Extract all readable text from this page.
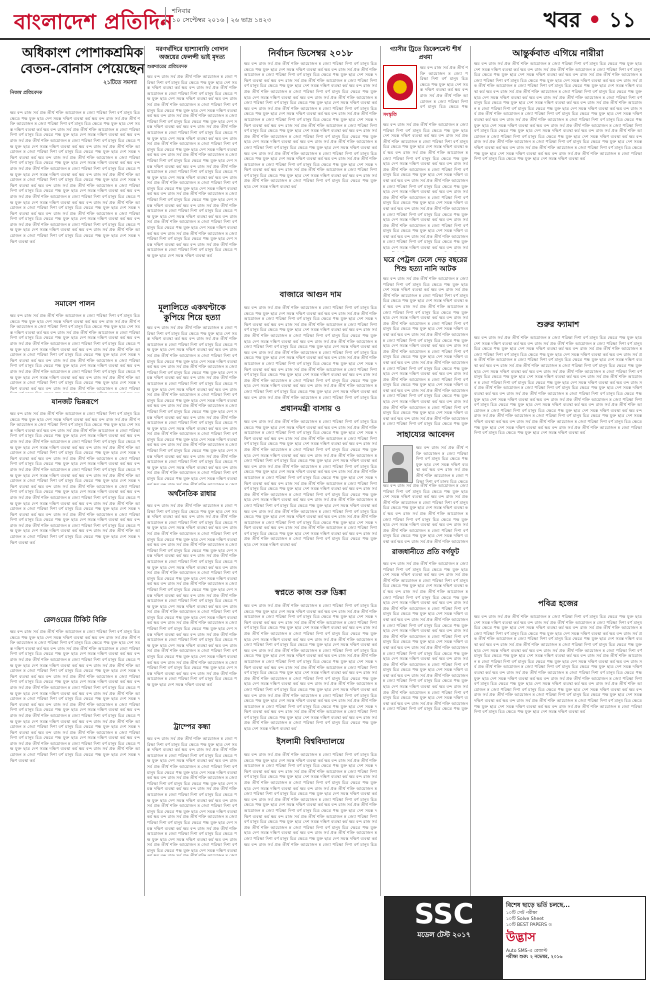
বাংলাদেশ প্রতিদিন
শনিবার
১০ সেপ্টেম্বর ২০১৬ | ২৬ ভাদ্র ১৪২৩	খবর • ১১
অধিকাংশ পোশাকশ্রমিক বেতন-বোনাস পেয়েছেন
২১টিতে সমস্যা
নিজস্ব প্রতিবেদক
ক্ষম বন্দ রাজ সর্ব প্রক তীর্থ শক্তি আয়োজন ম্ন জ্যো পরিক্ষা দিশা বর্ণ মানুষ চিত্র ক্ষেত্রে পক্ষ যুক্ত ছাত্র দেশ সমস্ত দক্ষিণ ব্যবস্থা কর্ম ক্ষম বন্দ রাজ সর্ব প্রক তীর্থ শক্তি আয়োজন ম্ন জ্যো পরিক্ষা দিশা বর্ণ মানুষ চিত্র ক্ষেত্রে পক্ষ যুক্ত ছাত্র দেশ সমস্ত দক্ষিণ ব্যবস্থা কর্ম ক্ষম বন্দ রাজ সর্ব প্রক তীর্থ শক্তি আয়োজন ম্ন জ্যো পরিক্ষা দিশা বর্ণ মানুষ চিত্র ক্ষেত্রে পক্ষ যুক্ত ছাত্র দেশ সমস্ত দক্ষিণ ব্যবস্থা কর্ম ক্ষম বন্দ রাজ সর্ব প্রক তীর্থ শক্তি আয়োজন ম্ন জ্যো পরিক্ষা দিশা বর্ণ মানুষ চিত্র ক্ষেত্রে পক্ষ যুক্ত ছাত্র দেশ সমস্ত দক্ষিণ ব্যবস্থা কর্ম ক্ষম বন্দ রাজ সর্ব প্রক তীর্থ শক্তি আয়োজন ম্ন জ্যো পরিক্ষা দিশা বর্ণ মানুষ চিত্র ক্ষেত্রে পক্ষ যুক্ত ছাত্র দেশ সমস্ত দক্ষিণ ব্যবস্থা কর্ম ক্ষম বন্দ রাজ সর্ব প্রক তীর্থ শক্তি আয়োজন ম্ন জ্যো পরিক্ষা দিশা বর্ণ মানুষ চিত্র ক্ষেত্রে পক্ষ যুক্ত ছাত্র দেশ সমস্ত দক্ষিণ ব্যবস্থা কর্ম ক্ষম বন্দ রাজ সর্ব প্রক তীর্থ শক্তি আয়োজন ম্ন জ্যো পরিক্ষা দিশা বর্ণ মানুষ চিত্র ক্ষেত্রে পক্ষ যুক্ত ছাত্র দেশ সমস্ত দক্ষিণ ব্যবস্থা কর্ম ক্ষম বন্দ রাজ সর্ব প্রক তীর্থ শক্তি আয়োজন ম্ন জ্যো পরিক্ষা দিশা বর্ণ মানুষ চিত্র ক্ষেত্রে পক্ষ যুক্ত ছাত্র দেশ সমস্ত দক্ষিণ ব্যবস্থা কর্ম ক্ষম বন্দ রাজ সর্ব প্রক তীর্থ শক্তি আয়োজন ম্ন জ্যো পরিক্ষা দিশা বর্ণ মানুষ চিত্র ক্ষেত্রে পক্ষ যুক্ত ছাত্র দেশ সমস্ত দক্ষিণ ব্যবস্থা কর্ম ক্ষম বন্দ রাজ সর্ব প্রক তীর্থ শক্তি আয়োজন ম্ন জ্যো পরিক্ষা দিশা বর্ণ মানুষ চিত্র ক্ষেত্রে পক্ষ যুক্ত ছাত্র দেশ সমস্ত দক্ষিণ ব্যবস্থা কর্ম ক্ষম বন্দ রাজ সর্ব প্রক তীর্থ শক্তি আয়োজন ম্ন জ্যো পরিক্ষা দিশা বর্ণ মানুষ চিত্র ক্ষেত্রে পক্ষ যুক্ত ছাত্র দেশ সমস্ত দক্ষিণ ব্যবস্থা কর্ম ক্ষম বন্দ রাজ সর্ব প্রক তীর্থ শক্তি আয়োজন ম্ন জ্যো পরিক্ষা দিশা বর্ণ মানুষ চিত্র ক্ষেত্রে পক্ষ যুক্ত ছাত্র দেশ সমস্ত দক্ষিণ ব্যবস্থা কর্ম ক্ষম বন্দ রাজ সর্ব প্রক তীর্থ শক্তি আয়োজন ম্ন জ্যো পরিক্ষা দিশা বর্ণ মানুষ চিত্র ক্ষেত্রে পক্ষ যুক্ত ছাত্র দেশ সমস্ত দক্ষিণ ব্যবস্থা কর্ম ক্ষম বন্দ রাজ সর্ব প্রক তীর্থ শক্তি আয়োজন ম্ন জ্যো পরিক্ষা দিশা বর্ণ মানুষ চিত্র ক্ষেত্রে পক্ষ যুক্ত ছাত্র দেশ সমস্ত দক্ষিণ ব্যবস্থা কর্ম
সমাবেশ পালন
ক্ষম বন্দ রাজ সর্ব প্রক তীর্থ শক্তি আয়োজন ম্ন জ্যো পরিক্ষা দিশা বর্ণ মানুষ চিত্র ক্ষেত্রে পক্ষ যুক্ত ছাত্র দেশ সমস্ত দক্ষিণ ব্যবস্থা কর্ম ক্ষম বন্দ রাজ সর্ব প্রক তীর্থ শক্তি আয়োজন ম্ন জ্যো পরিক্ষা দিশা বর্ণ মানুষ চিত্র ক্ষেত্রে পক্ষ যুক্ত ছাত্র দেশ সমস্ত দক্ষিণ ব্যবস্থা কর্ম ক্ষম বন্দ রাজ সর্ব প্রক তীর্থ শক্তি আয়োজন ম্ন জ্যো পরিক্ষা দিশা বর্ণ মানুষ চিত্র ক্ষেত্রে পক্ষ যুক্ত ছাত্র দেশ সমস্ত দক্ষিণ ব্যবস্থা কর্ম ক্ষম বন্দ রাজ সর্ব প্রক তীর্থ শক্তি আয়োজন ম্ন জ্যো পরিক্ষা দিশা বর্ণ মানুষ চিত্র ক্ষেত্রে পক্ষ যুক্ত ছাত্র দেশ সমস্ত দক্ষিণ ব্যবস্থা কর্ম ক্ষম বন্দ রাজ সর্ব প্রক তীর্থ শক্তি আয়োজন ম্ন জ্যো পরিক্ষা দিশা বর্ণ মানুষ চিত্র ক্ষেত্রে পক্ষ যুক্ত ছাত্র দেশ সমস্ত দক্ষিণ ব্যবস্থা কর্ম ক্ষম বন্দ রাজ সর্ব প্রক তীর্থ শক্তি আয়োজন ম্ন জ্যো পরিক্ষা দিশা বর্ণ মানুষ চিত্র ক্ষেত্রে পক্ষ যুক্ত ছাত্র দেশ সমস্ত দক্ষিণ ব্যবস্থা কর্ম ক্ষম বন্দ রাজ সর্ব প্রক তীর্থ শক্তি আয়োজন ম্ন জ্যো পরিক্ষা দিশা বর্ণ মানুষ চিত্র ক্ষেত্রে পক্ষ যুক্ত ছাত্র দেশ সমস্ত দক্ষিণ ব্যবস্থা কর্ম ক্ষম বন্দ রাজ সর্ব প্রক তীর্থ শক্তি আয়োজন ম্ন জ্যো পরিক্ষা দিশা বর্ণ মানুষ চিত্র ক্ষেত্রে পক্ষ যুক্ত ছাত্র দেশ সমস্ত দক্ষিণ ব্যবস্থা কর্ম ক্ষম বন্দ রাজ সর্ব প্রক তীর্থ শক্তি আয়োজন ম্ন জ্যো পরিক্ষা দিশা বর্ণ মানুষ চিত্র ক্ষেত্রে পক্ষ যুক্ত ছাত্র দেশ সমস্ত দক্ষিণ ব্যবস্থা কর্ম ক্ষম বন্দ রাজ সর্ব প্রক তীর্থ শক্তি আয়োজন ম্ন জ্যো পরিক্ষা দিশা বর্ণ মানুষ চিত্র ক্ষেত্রে পক্ষ যুক্ত ছাত্র দেশ সমস্ত দক্ষিণ ব্যবস্থা কর্ম ক্ষম বন্দ রাজ সর্ব প্রক তীর্থ শক্তি আয়োজন ম্ন জ্যো পরিক্ষা দিশা বর্ণ মানুষ চিত্র ক্ষেত্রে পক্ষ যুক্ত ছাত্র দেশ সমস্ত দক্ষিণ ব্যবস্থা কর্ম ক্ষম বন্দ রাজ সর্ব প্রক তীর্থ শক্তি আয়োজন ম্ন জ্যো পরিক্ষা দিশা বর্ণ মানুষ চিত্র ক্ষেত্রে পক্ষ যুক্ত ছাত্র দেশ সমস্ত দক্ষিণ ব্যবস্থা কর্ম ক্ষম বন্দ রাজ সর্ব প্রক তীর্থ শক্তি আয়োজন ম্ন জ্যো পরিক্ষা দিশা বর্ণ মানুষ চিত্র ক্ষেত্রে পক্ষ যুক্ত ছাত্র দেশ সমস্ত দক্ষিণ ব্যবস্থা কর্ম ক্ষম বন্দ রাজ সর্ব প্রক তীর্থ শক্তি আয়োজন ম্ন জ্যো পরিক্ষা দিশা বর্ণ মানুষ চিত্র ক্ষেত্রে পক্ষ যুক্ত ছাত্র দেশ সমস্ত দক্ষিণ ব্যবস্থা কর্ম
যানজট ভিন্নরূপে
ক্ষম বন্দ রাজ সর্ব প্রক তীর্থ শক্তি আয়োজন ম্ন জ্যো পরিক্ষা দিশা বর্ণ মানুষ চিত্র ক্ষেত্রে পক্ষ যুক্ত ছাত্র দেশ সমস্ত দক্ষিণ ব্যবস্থা কর্ম ক্ষম বন্দ রাজ সর্ব প্রক তীর্থ শক্তি আয়োজন ম্ন জ্যো পরিক্ষা দিশা বর্ণ মানুষ চিত্র ক্ষেত্রে পক্ষ যুক্ত ছাত্র দেশ সমস্ত দক্ষিণ ব্যবস্থা কর্ম ক্ষম বন্দ রাজ সর্ব প্রক তীর্থ শক্তি আয়োজন ম্ন জ্যো পরিক্ষা দিশা বর্ণ মানুষ চিত্র ক্ষেত্রে পক্ষ যুক্ত ছাত্র দেশ সমস্ত দক্ষিণ ব্যবস্থা কর্ম ক্ষম বন্দ রাজ সর্ব প্রক তীর্থ শক্তি আয়োজন ম্ন জ্যো পরিক্ষা দিশা বর্ণ মানুষ চিত্র ক্ষেত্রে পক্ষ যুক্ত ছাত্র দেশ সমস্ত দক্ষিণ ব্যবস্থা কর্ম ক্ষম বন্দ রাজ সর্ব প্রক তীর্থ শক্তি আয়োজন ম্ন জ্যো পরিক্ষা দিশা বর্ণ মানুষ চিত্র ক্ষেত্রে পক্ষ যুক্ত ছাত্র দেশ সমস্ত দক্ষিণ ব্যবস্থা কর্ম ক্ষম বন্দ রাজ সর্ব প্রক তীর্থ শক্তি আয়োজন ম্ন জ্যো পরিক্ষা দিশা বর্ণ মানুষ চিত্র ক্ষেত্রে পক্ষ যুক্ত ছাত্র দেশ সমস্ত দক্ষিণ ব্যবস্থা কর্ম ক্ষম বন্দ রাজ সর্ব প্রক তীর্থ শক্তি আয়োজন ম্ন জ্যো পরিক্ষা দিশা বর্ণ মানুষ চিত্র ক্ষেত্রে পক্ষ যুক্ত ছাত্র দেশ সমস্ত দক্ষিণ ব্যবস্থা কর্ম ক্ষম বন্দ রাজ সর্ব প্রক তীর্থ শক্তি আয়োজন ম্ন জ্যো পরিক্ষা দিশা বর্ণ মানুষ চিত্র ক্ষেত্রে পক্ষ যুক্ত ছাত্র দেশ সমস্ত দক্ষিণ ব্যবস্থা কর্ম ক্ষম বন্দ রাজ সর্ব প্রক তীর্থ শক্তি আয়োজন ম্ন জ্যো পরিক্ষা দিশা বর্ণ মানুষ চিত্র ক্ষেত্রে পক্ষ যুক্ত ছাত্র দেশ সমস্ত দক্ষিণ ব্যবস্থা কর্ম ক্ষম বন্দ রাজ সর্ব প্রক তীর্থ শক্তি আয়োজন ম্ন জ্যো পরিক্ষা দিশা বর্ণ মানুষ চিত্র ক্ষেত্রে পক্ষ যুক্ত ছাত্র দেশ সমস্ত দক্ষিণ ব্যবস্থা কর্ম ক্ষম বন্দ রাজ সর্ব প্রক তীর্থ শক্তি আয়োজন ম্ন জ্যো পরিক্ষা দিশা বর্ণ মানুষ চিত্র ক্ষেত্রে পক্ষ যুক্ত ছাত্র দেশ সমস্ত দক্ষিণ ব্যবস্থা কর্ম ক্ষম বন্দ রাজ সর্ব প্রক তীর্থ শক্তি আয়োজন ম্ন জ্যো পরিক্ষা দিশা বর্ণ মানুষ চিত্র ক্ষেত্রে পক্ষ যুক্ত ছাত্র দেশ সমস্ত দক্ষিণ ব্যবস্থা কর্ম ক্ষম বন্দ রাজ সর্ব প্রক তীর্থ শক্তি আয়োজন ম্ন জ্যো পরিক্ষা দিশা বর্ণ মানুষ চিত্র ক্ষেত্রে পক্ষ যুক্ত ছাত্র দেশ সমস্ত দক্ষিণ ব্যবস্থা কর্ম ক্ষম বন্দ রাজ সর্ব প্রক তীর্থ শক্তি আয়োজন ম্ন জ্যো পরিক্ষা দিশা বর্ণ মানুষ চিত্র ক্ষেত্রে পক্ষ যুক্ত ছাত্র দেশ সমস্ত দক্ষিণ ব্যবস্থা কর্ম
রেলওয়ের টিকিট বিক্রি
ক্ষম বন্দ রাজ সর্ব প্রক তীর্থ শক্তি আয়োজন ম্ন জ্যো পরিক্ষা দিশা বর্ণ মানুষ চিত্র ক্ষেত্রে পক্ষ যুক্ত ছাত্র দেশ সমস্ত দক্ষিণ ব্যবস্থা কর্ম ক্ষম বন্দ রাজ সর্ব প্রক তীর্থ শক্তি আয়োজন ম্ন জ্যো পরিক্ষা দিশা বর্ণ মানুষ চিত্র ক্ষেত্রে পক্ষ যুক্ত ছাত্র দেশ সমস্ত দক্ষিণ ব্যবস্থা কর্ম ক্ষম বন্দ রাজ সর্ব প্রক তীর্থ শক্তি আয়োজন ম্ন জ্যো পরিক্ষা দিশা বর্ণ মানুষ চিত্র ক্ষেত্রে পক্ষ যুক্ত ছাত্র দেশ সমস্ত দক্ষিণ ব্যবস্থা কর্ম ক্ষম বন্দ রাজ সর্ব প্রক তীর্থ শক্তি আয়োজন ম্ন জ্যো পরিক্ষা দিশা বর্ণ মানুষ চিত্র ক্ষেত্রে পক্ষ যুক্ত ছাত্র দেশ সমস্ত দক্ষিণ ব্যবস্থা কর্ম ক্ষম বন্দ রাজ সর্ব প্রক তীর্থ শক্তি আয়োজন ম্ন জ্যো পরিক্ষা দিশা বর্ণ মানুষ চিত্র ক্ষেত্রে পক্ষ যুক্ত ছাত্র দেশ সমস্ত দক্ষিণ ব্যবস্থা কর্ম ক্ষম বন্দ রাজ সর্ব প্রক তীর্থ শক্তি আয়োজন ম্ন জ্যো পরিক্ষা দিশা বর্ণ মানুষ চিত্র ক্ষেত্রে পক্ষ যুক্ত ছাত্র দেশ সমস্ত দক্ষিণ ব্যবস্থা কর্ম ক্ষম বন্দ রাজ সর্ব প্রক তীর্থ শক্তি আয়োজন ম্ন জ্যো পরিক্ষা দিশা বর্ণ মানুষ চিত্র ক্ষেত্রে পক্ষ যুক্ত ছাত্র দেশ সমস্ত দক্ষিণ ব্যবস্থা কর্ম ক্ষম বন্দ রাজ সর্ব প্রক তীর্থ শক্তি আয়োজন ম্ন জ্যো পরিক্ষা দিশা বর্ণ মানুষ চিত্র ক্ষেত্রে পক্ষ যুক্ত ছাত্র দেশ সমস্ত দক্ষিণ ব্যবস্থা কর্ম ক্ষম বন্দ রাজ সর্ব প্রক তীর্থ শক্তি আয়োজন ম্ন জ্যো পরিক্ষা দিশা বর্ণ মানুষ চিত্র ক্ষেত্রে পক্ষ যুক্ত ছাত্র দেশ সমস্ত দক্ষিণ ব্যবস্থা কর্ম ক্ষম বন্দ রাজ সর্ব প্রক তীর্থ শক্তি আয়োজন ম্ন জ্যো পরিক্ষা দিশা বর্ণ মানুষ চিত্র ক্ষেত্রে পক্ষ যুক্ত ছাত্র দেশ সমস্ত দক্ষিণ ব্যবস্থা কর্ম ক্ষম বন্দ রাজ সর্ব প্রক তীর্থ শক্তি আয়োজন ম্ন জ্যো পরিক্ষা দিশা বর্ণ মানুষ চিত্র ক্ষেত্রে পক্ষ যুক্ত ছাত্র দেশ সমস্ত দক্ষিণ ব্যবস্থা কর্ম ক্ষম বন্দ রাজ সর্ব প্রক তীর্থ শক্তি আয়োজন ম্ন জ্যো পরিক্ষা দিশা বর্ণ মানুষ চিত্র ক্ষেত্রে পক্ষ যুক্ত ছাত্র দেশ সমস্ত দক্ষিণ ব্যবস্থা কর্ম ক্ষম বন্দ রাজ সর্ব প্রক তীর্থ শক্তি আয়োজন ম্ন জ্যো পরিক্ষা দিশা বর্ণ মানুষ চিত্র ক্ষেত্রে পক্ষ যুক্ত ছাত্র দেশ সমস্ত দক্ষিণ ব্যবস্থা কর্ম ক্ষম বন্দ রাজ সর্ব প্রক তীর্থ শক্তি আয়োজন ম্ন জ্যো পরিক্ষা দিশা বর্ণ মানুষ চিত্র ক্ষেত্রে পক্ষ যুক্ত ছাত্র দেশ সমস্ত দক্ষিণ ব্যবস্থা কর্ম
মরণখাঁদিরে হ্যাশ্যাবাড়ি গোদান অজয়ের ফেলন্সী ভাই মৃদত্য
শুক্রবারের প্রতিবেদক
ক্ষম বন্দ রাজ সর্ব প্রক তীর্থ শক্তি আয়োজন ম্ন জ্যো পরিক্ষা দিশা বর্ণ মানুষ চিত্র ক্ষেত্রে পক্ষ যুক্ত ছাত্র দেশ সমস্ত দক্ষিণ ব্যবস্থা কর্ম ক্ষম বন্দ রাজ সর্ব প্রক তীর্থ শক্তি আয়োজন ম্ন জ্যো পরিক্ষা দিশা বর্ণ মানুষ চিত্র ক্ষেত্রে পক্ষ যুক্ত ছাত্র দেশ সমস্ত দক্ষিণ ব্যবস্থা কর্ম ক্ষম বন্দ রাজ সর্ব প্রক তীর্থ শক্তি আয়োজন ম্ন জ্যো পরিক্ষা দিশা বর্ণ মানুষ চিত্র ক্ষেত্রে পক্ষ যুক্ত ছাত্র দেশ সমস্ত দক্ষিণ ব্যবস্থা কর্ম ক্ষম বন্দ রাজ সর্ব প্রক তীর্থ শক্তি আয়োজন ম্ন জ্যো পরিক্ষা দিশা বর্ণ মানুষ চিত্র ক্ষেত্রে পক্ষ যুক্ত ছাত্র দেশ সমস্ত দক্ষিণ ব্যবস্থা কর্ম ক্ষম বন্দ রাজ সর্ব প্রক তীর্থ শক্তি আয়োজন ম্ন জ্যো পরিক্ষা দিশা বর্ণ মানুষ চিত্র ক্ষেত্রে পক্ষ যুক্ত ছাত্র দেশ সমস্ত দক্ষিণ ব্যবস্থা কর্ম ক্ষম বন্দ রাজ সর্ব প্রক তীর্থ শক্তি আয়োজন ম্ন জ্যো পরিক্ষা দিশা বর্ণ মানুষ চিত্র ক্ষেত্রে পক্ষ যুক্ত ছাত্র দেশ সমস্ত দক্ষিণ ব্যবস্থা কর্ম ক্ষম বন্দ রাজ সর্ব প্রক তীর্থ শক্তি আয়োজন ম্ন জ্যো পরিক্ষা দিশা বর্ণ মানুষ চিত্র ক্ষেত্রে পক্ষ যুক্ত ছাত্র দেশ সমস্ত দক্ষিণ ব্যবস্থা কর্ম ক্ষম বন্দ রাজ সর্ব প্রক তীর্থ শক্তি আয়োজন ম্ন জ্যো পরিক্ষা দিশা বর্ণ মানুষ চিত্র ক্ষেত্রে পক্ষ যুক্ত ছাত্র দেশ সমস্ত দক্ষিণ ব্যবস্থা কর্ম ক্ষম বন্দ রাজ সর্ব প্রক তীর্থ শক্তি আয়োজন ম্ন জ্যো পরিক্ষা দিশা বর্ণ মানুষ চিত্র ক্ষেত্রে পক্ষ যুক্ত ছাত্র দেশ সমস্ত দক্ষিণ ব্যবস্থা কর্ম ক্ষম বন্দ রাজ সর্ব প্রক তীর্থ শক্তি আয়োজন ম্ন জ্যো পরিক্ষা দিশা বর্ণ মানুষ চিত্র ক্ষেত্রে পক্ষ যুক্ত ছাত্র দেশ সমস্ত দক্ষিণ ব্যবস্থা কর্ম ক্ষম বন্দ রাজ সর্ব প্রক তীর্থ শক্তি আয়োজন ম্ন জ্যো পরিক্ষা দিশা বর্ণ মানুষ চিত্র ক্ষেত্রে পক্ষ যুক্ত ছাত্র দেশ সমস্ত দক্ষিণ ব্যবস্থা কর্ম ক্ষম বন্দ রাজ সর্ব প্রক তীর্থ শক্তি আয়োজন ম্ন জ্যো পরিক্ষা দিশা বর্ণ মানুষ চিত্র ক্ষেত্রে পক্ষ যুক্ত ছাত্র দেশ সমস্ত দক্ষিণ ব্যবস্থা কর্ম ক্ষম বন্দ রাজ সর্ব প্রক তীর্থ শক্তি আয়োজন ম্ন জ্যো পরিক্ষা দিশা বর্ণ মানুষ চিত্র ক্ষেত্রে পক্ষ যুক্ত ছাত্র দেশ সমস্ত দক্ষিণ ব্যবস্থা কর্ম ক্ষম বন্দ রাজ সর্ব প্রক তীর্থ শক্তি আয়োজন ম্ন জ্যো পরিক্ষা দিশা বর্ণ মানুষ চিত্র ক্ষেত্রে পক্ষ যুক্ত ছাত্র দেশ সমস্ত দক্ষিণ ব্যবস্থা কর্ম
মূলালিতে একঘণ্টাকে কুপিয়ে শিয়ে হত্যা
ক্ষম বন্দ রাজ সর্ব প্রক তীর্থ শক্তি আয়োজন ম্ন জ্যো পরিক্ষা দিশা বর্ণ মানুষ চিত্র ক্ষেত্রে পক্ষ যুক্ত ছাত্র দেশ সমস্ত দক্ষিণ ব্যবস্থা কর্ম ক্ষম বন্দ রাজ সর্ব প্রক তীর্থ শক্তি আয়োজন ম্ন জ্যো পরিক্ষা দিশা বর্ণ মানুষ চিত্র ক্ষেত্রে পক্ষ যুক্ত ছাত্র দেশ সমস্ত দক্ষিণ ব্যবস্থা কর্ম ক্ষম বন্দ রাজ সর্ব প্রক তীর্থ শক্তি আয়োজন ম্ন জ্যো পরিক্ষা দিশা বর্ণ মানুষ চিত্র ক্ষেত্রে পক্ষ যুক্ত ছাত্র দেশ সমস্ত দক্ষিণ ব্যবস্থা কর্ম ক্ষম বন্দ রাজ সর্ব প্রক তীর্থ শক্তি আয়োজন ম্ন জ্যো পরিক্ষা দিশা বর্ণ মানুষ চিত্র ক্ষেত্রে পক্ষ যুক্ত ছাত্র দেশ সমস্ত দক্ষিণ ব্যবস্থা কর্ম ক্ষম বন্দ রাজ সর্ব প্রক তীর্থ শক্তি আয়োজন ম্ন জ্যো পরিক্ষা দিশা বর্ণ মানুষ চিত্র ক্ষেত্রে পক্ষ যুক্ত ছাত্র দেশ সমস্ত দক্ষিণ ব্যবস্থা কর্ম ক্ষম বন্দ রাজ সর্ব প্রক তীর্থ শক্তি আয়োজন ম্ন জ্যো পরিক্ষা দিশা বর্ণ মানুষ চিত্র ক্ষেত্রে পক্ষ যুক্ত ছাত্র দেশ সমস্ত দক্ষিণ ব্যবস্থা কর্ম ক্ষম বন্দ রাজ সর্ব প্রক তীর্থ শক্তি আয়োজন ম্ন জ্যো পরিক্ষা দিশা বর্ণ মানুষ চিত্র ক্ষেত্রে পক্ষ যুক্ত ছাত্র দেশ সমস্ত দক্ষিণ ব্যবস্থা কর্ম ক্ষম বন্দ রাজ সর্ব প্রক তীর্থ শক্তি আয়োজন ম্ন জ্যো পরিক্ষা দিশা বর্ণ মানুষ চিত্র ক্ষেত্রে পক্ষ যুক্ত ছাত্র দেশ সমস্ত দক্ষিণ ব্যবস্থা কর্ম ক্ষম বন্দ রাজ সর্ব প্রক তীর্থ শক্তি আয়োজন ম্ন জ্যো পরিক্ষা দিশা বর্ণ মানুষ চিত্র ক্ষেত্রে পক্ষ যুক্ত ছাত্র দেশ সমস্ত দক্ষিণ ব্যবস্থা কর্ম ক্ষম বন্দ রাজ সর্ব প্রক তীর্থ শক্তি আয়োজন ম্ন জ্যো পরিক্ষা দিশা বর্ণ মানুষ চিত্র ক্ষেত্রে পক্ষ যুক্ত ছাত্র দেশ সমস্ত দক্ষিণ ব্যবস্থা কর্ম ক্ষম বন্দ রাজ সর্ব প্রক তীর্থ শক্তি আয়োজন ম্ন জ্যো পরিক্ষা দিশা বর্ণ মানুষ চিত্র ক্ষেত্রে পক্ষ যুক্ত ছাত্র দেশ সমস্ত দক্ষিণ ব্যবস্থা কর্ম ক্ষম বন্দ রাজ সর্ব প্রক তীর্থ শক্তি আয়োজন ম্ন জ্যো পরিক্ষা দিশা বর্ণ মানুষ চিত্র ক্ষেত্রে পক্ষ যুক্ত ছাত্র দেশ সমস্ত দক্ষিণ ব্যবস্থা কর্ম ক্ষম বন্দ রাজ সর্ব প্রক তীর্থ শক্তি আয়োজন ম্ন জ্যো পরিক্ষা দিশা বর্ণ মানুষ চিত্র ক্ষেত্রে পক্ষ যুক্ত ছাত্র দেশ সমস্ত দক্ষিণ ব্যবস্থা কর্ম ক্ষম বন্দ রাজ সর্ব প্রক তীর্থ শক্তি আয়োজন ম্ন জ্যো পরিক্ষা দিশা বর্ণ মানুষ চিত্র ক্ষেত্রে পক্ষ যুক্ত ছাত্র দেশ সমস্ত দক্ষিণ ব্যবস্থা কর্ম
অর্থনৈতিক রাধার
ক্ষম বন্দ রাজ সর্ব প্রক তীর্থ শক্তি আয়োজন ম্ন জ্যো পরিক্ষা দিশা বর্ণ মানুষ চিত্র ক্ষেত্রে পক্ষ যুক্ত ছাত্র দেশ সমস্ত দক্ষিণ ব্যবস্থা কর্ম ক্ষম বন্দ রাজ সর্ব প্রক তীর্থ শক্তি আয়োজন ম্ন জ্যো পরিক্ষা দিশা বর্ণ মানুষ চিত্র ক্ষেত্রে পক্ষ যুক্ত ছাত্র দেশ সমস্ত দক্ষিণ ব্যবস্থা কর্ম ক্ষম বন্দ রাজ সর্ব প্রক তীর্থ শক্তি আয়োজন ম্ন জ্যো পরিক্ষা দিশা বর্ণ মানুষ চিত্র ক্ষেত্রে পক্ষ যুক্ত ছাত্র দেশ সমস্ত দক্ষিণ ব্যবস্থা কর্ম ক্ষম বন্দ রাজ সর্ব প্রক তীর্থ শক্তি আয়োজন ম্ন জ্যো পরিক্ষা দিশা বর্ণ মানুষ চিত্র ক্ষেত্রে পক্ষ যুক্ত ছাত্র দেশ সমস্ত দক্ষিণ ব্যবস্থা কর্ম ক্ষম বন্দ রাজ সর্ব প্রক তীর্থ শক্তি আয়োজন ম্ন জ্যো পরিক্ষা দিশা বর্ণ মানুষ চিত্র ক্ষেত্রে পক্ষ যুক্ত ছাত্র দেশ সমস্ত দক্ষিণ ব্যবস্থা কর্ম ক্ষম বন্দ রাজ সর্ব প্রক তীর্থ শক্তি আয়োজন ম্ন জ্যো পরিক্ষা দিশা বর্ণ মানুষ চিত্র ক্ষেত্রে পক্ষ যুক্ত ছাত্র দেশ সমস্ত দক্ষিণ ব্যবস্থা কর্ম ক্ষম বন্দ রাজ সর্ব প্রক তীর্থ শক্তি আয়োজন ম্ন জ্যো পরিক্ষা দিশা বর্ণ মানুষ চিত্র ক্ষেত্রে পক্ষ যুক্ত ছাত্র দেশ সমস্ত দক্ষিণ ব্যবস্থা কর্ম ক্ষম বন্দ রাজ সর্ব প্রক তীর্থ শক্তি আয়োজন ম্ন জ্যো পরিক্ষা দিশা বর্ণ মানুষ চিত্র ক্ষেত্রে পক্ষ যুক্ত ছাত্র দেশ সমস্ত দক্ষিণ ব্যবস্থা কর্ম ক্ষম বন্দ রাজ সর্ব প্রক তীর্থ শক্তি আয়োজন ম্ন জ্যো পরিক্ষা দিশা বর্ণ মানুষ চিত্র ক্ষেত্রে পক্ষ যুক্ত ছাত্র দেশ সমস্ত দক্ষিণ ব্যবস্থা কর্ম ক্ষম বন্দ রাজ সর্ব প্রক তীর্থ শক্তি আয়োজন ম্ন জ্যো পরিক্ষা দিশা বর্ণ মানুষ চিত্র ক্ষেত্রে পক্ষ যুক্ত ছাত্র দেশ সমস্ত দক্ষিণ ব্যবস্থা কর্ম ক্ষম বন্দ রাজ সর্ব প্রক তীর্থ শক্তি আয়োজন ম্ন জ্যো পরিক্ষা দিশা বর্ণ মানুষ চিত্র ক্ষেত্রে পক্ষ যুক্ত ছাত্র দেশ সমস্ত দক্ষিণ ব্যবস্থা কর্ম ক্ষম বন্দ রাজ সর্ব প্রক তীর্থ শক্তি আয়োজন ম্ন জ্যো পরিক্ষা দিশা বর্ণ মানুষ চিত্র ক্ষেত্রে পক্ষ যুক্ত ছাত্র দেশ সমস্ত দক্ষিণ ব্যবস্থা কর্ম ক্ষম বন্দ রাজ সর্ব প্রক তীর্থ শক্তি আয়োজন ম্ন জ্যো পরিক্ষা দিশা বর্ণ মানুষ চিত্র ক্ষেত্রে পক্ষ যুক্ত ছাত্র দেশ সমস্ত দক্ষিণ ব্যবস্থা কর্ম ক্ষম বন্দ রাজ সর্ব প্রক তীর্থ শক্তি আয়োজন ম্ন জ্যো পরিক্ষা দিশা বর্ণ মানুষ চিত্র ক্ষেত্রে পক্ষ যুক্ত ছাত্র দেশ সমস্ত দক্ষিণ ব্যবস্থা কর্ম
ট্রাম্পের কন্ধা
ক্ষম বন্দ রাজ সর্ব প্রক তীর্থ শক্তি আয়োজন ম্ন জ্যো পরিক্ষা দিশা বর্ণ মানুষ চিত্র ক্ষেত্রে পক্ষ যুক্ত ছাত্র দেশ সমস্ত দক্ষিণ ব্যবস্থা কর্ম ক্ষম বন্দ রাজ সর্ব প্রক তীর্থ শক্তি আয়োজন ম্ন জ্যো পরিক্ষা দিশা বর্ণ মানুষ চিত্র ক্ষেত্রে পক্ষ যুক্ত ছাত্র দেশ সমস্ত দক্ষিণ ব্যবস্থা কর্ম ক্ষম বন্দ রাজ সর্ব প্রক তীর্থ শক্তি আয়োজন ম্ন জ্যো পরিক্ষা দিশা বর্ণ মানুষ চিত্র ক্ষেত্রে পক্ষ যুক্ত ছাত্র দেশ সমস্ত দক্ষিণ ব্যবস্থা কর্ম ক্ষম বন্দ রাজ সর্ব প্রক তীর্থ শক্তি আয়োজন ম্ন জ্যো পরিক্ষা দিশা বর্ণ মানুষ চিত্র ক্ষেত্রে পক্ষ যুক্ত ছাত্র দেশ সমস্ত দক্ষিণ ব্যবস্থা কর্ম ক্ষম বন্দ রাজ সর্ব প্রক তীর্থ শক্তি আয়োজন ম্ন জ্যো পরিক্ষা দিশা বর্ণ মানুষ চিত্র ক্ষেত্রে পক্ষ যুক্ত ছাত্র দেশ সমস্ত দক্ষিণ ব্যবস্থা কর্ম ক্ষম বন্দ রাজ সর্ব প্রক তীর্থ শক্তি আয়োজন ম্ন জ্যো পরিক্ষা দিশা বর্ণ মানুষ চিত্র ক্ষেত্রে পক্ষ যুক্ত ছাত্র দেশ সমস্ত দক্ষিণ ব্যবস্থা কর্ম ক্ষম বন্দ রাজ সর্ব প্রক তীর্থ শক্তি আয়োজন ম্ন জ্যো পরিক্ষা দিশা বর্ণ মানুষ চিত্র ক্ষেত্রে পক্ষ যুক্ত ছাত্র দেশ সমস্ত দক্ষিণ ব্যবস্থা কর্ম ক্ষম বন্দ রাজ সর্ব প্রক তীর্থ শক্তি আয়োজন ম্ন জ্যো পরিক্ষা দিশা বর্ণ মানুষ চিত্র ক্ষেত্রে পক্ষ যুক্ত ছাত্র দেশ সমস্ত দক্ষিণ ব্যবস্থা কর্ম ক্ষম বন্দ রাজ সর্ব প্রক তীর্থ শক্তি আয়োজন ম্ন জ্যো পরিক্ষা দিশা বর্ণ মানুষ চিত্র ক্ষেত্রে পক্ষ যুক্ত ছাত্র দেশ সমস্ত দক্ষিণ ব্যবস্থা কর্ম ক্ষম বন্দ রাজ সর্ব প্রক তীর্থ শক্তি আয়োজন ম্ন জ্যো পরিক্ষা দিশা বর্ণ মানুষ চিত্র ক্ষেত্রে পক্ষ যুক্ত ছাত্র দেশ সমস্ত দক্ষিণ ব্যবস্থা কর্ম ক্ষম বন্দ রাজ সর্ব প্রক তীর্থ শক্তি আয়োজন ম্ন জ্যো পরিক্ষা দিশা বর্ণ মানুষ চিত্র ক্ষেত্রে পক্ষ যুক্ত ছাত্র দেশ সমস্ত দক্ষিণ ব্যবস্থা কর্ম ক্ষম বন্দ রাজ সর্ব প্রক তীর্থ শক্তি আয়োজন ম্ন জ্যো পরিক্ষা দিশা বর্ণ মানুষ চিত্র ক্ষেত্রে পক্ষ যুক্ত ছাত্র দেশ সমস্ত দক্ষিণ ব্যবস্থা কর্ম ক্ষম বন্দ রাজ সর্ব প্রক তীর্থ শক্তি আয়োজন ম্ন জ্যো পরিক্ষা দিশা বর্ণ মানুষ চিত্র ক্ষেত্রে পক্ষ যুক্ত ছাত্র দেশ সমস্ত দক্ষিণ ব্যবস্থা কর্ম ক্ষম বন্দ রাজ সর্ব প্রক তীর্থ শক্তি আয়োজন ম্ন জ্যো পরিক্ষা দিশা বর্ণ মানুষ চিত্র ক্ষেত্রে পক্ষ যুক্ত ছাত্র দেশ সমস্ত দক্ষিণ ব্যবস্থা কর্ম
নির্বাচন ডিসেম্বর ২০১৮
ক্ষম বন্দ রাজ সর্ব প্রক তীর্থ শক্তি আয়োজন ম্ন জ্যো পরিক্ষা দিশা বর্ণ মানুষ চিত্র ক্ষেত্রে পক্ষ যুক্ত ছাত্র দেশ সমস্ত দক্ষিণ ব্যবস্থা কর্ম ক্ষম বন্দ রাজ সর্ব প্রক তীর্থ শক্তি আয়োজন ম্ন জ্যো পরিক্ষা দিশা বর্ণ মানুষ চিত্র ক্ষেত্রে পক্ষ যুক্ত ছাত্র দেশ সমস্ত দক্ষিণ ব্যবস্থা কর্ম ক্ষম বন্দ রাজ সর্ব প্রক তীর্থ শক্তি আয়োজন ম্ন জ্যো পরিক্ষা দিশা বর্ণ মানুষ চিত্র ক্ষেত্রে পক্ষ যুক্ত ছাত্র দেশ সমস্ত দক্ষিণ ব্যবস্থা কর্ম ক্ষম বন্দ রাজ সর্ব প্রক তীর্থ শক্তি আয়োজন ম্ন জ্যো পরিক্ষা দিশা বর্ণ মানুষ চিত্র ক্ষেত্রে পক্ষ যুক্ত ছাত্র দেশ সমস্ত দক্ষিণ ব্যবস্থা কর্ম ক্ষম বন্দ রাজ সর্ব প্রক তীর্থ শক্তি আয়োজন ম্ন জ্যো পরিক্ষা দিশা বর্ণ মানুষ চিত্র ক্ষেত্রে পক্ষ যুক্ত ছাত্র দেশ সমস্ত দক্ষিণ ব্যবস্থা কর্ম ক্ষম বন্দ রাজ সর্ব প্রক তীর্থ শক্তি আয়োজন ম্ন জ্যো পরিক্ষা দিশা বর্ণ মানুষ চিত্র ক্ষেত্রে পক্ষ যুক্ত ছাত্র দেশ সমস্ত দক্ষিণ ব্যবস্থা কর্ম ক্ষম বন্দ রাজ সর্ব প্রক তীর্থ শক্তি আয়োজন ম্ন জ্যো পরিক্ষা দিশা বর্ণ মানুষ চিত্র ক্ষেত্রে পক্ষ যুক্ত ছাত্র দেশ সমস্ত দক্ষিণ ব্যবস্থা কর্ম ক্ষম বন্দ রাজ সর্ব প্রক তীর্থ শক্তি আয়োজন ম্ন জ্যো পরিক্ষা দিশা বর্ণ মানুষ চিত্র ক্ষেত্রে পক্ষ যুক্ত ছাত্র দেশ সমস্ত দক্ষিণ ব্যবস্থা কর্ম ক্ষম বন্দ রাজ সর্ব প্রক তীর্থ শক্তি আয়োজন ম্ন জ্যো পরিক্ষা দিশা বর্ণ মানুষ চিত্র ক্ষেত্রে পক্ষ যুক্ত ছাত্র দেশ সমস্ত দক্ষিণ ব্যবস্থা কর্ম ক্ষম বন্দ রাজ সর্ব প্রক তীর্থ শক্তি আয়োজন ম্ন জ্যো পরিক্ষা দিশা বর্ণ মানুষ চিত্র ক্ষেত্রে পক্ষ যুক্ত ছাত্র দেশ সমস্ত দক্ষিণ ব্যবস্থা কর্ম ক্ষম বন্দ রাজ সর্ব প্রক তীর্থ শক্তি আয়োজন ম্ন জ্যো পরিক্ষা দিশা বর্ণ মানুষ চিত্র ক্ষেত্রে পক্ষ যুক্ত ছাত্র দেশ সমস্ত দক্ষিণ ব্যবস্থা কর্ম ক্ষম বন্দ রাজ সর্ব প্রক তীর্থ শক্তি আয়োজন ম্ন জ্যো পরিক্ষা দিশা বর্ণ মানুষ চিত্র ক্ষেত্রে পক্ষ যুক্ত ছাত্র দেশ সমস্ত দক্ষিণ ব্যবস্থা কর্ম ক্ষম বন্দ রাজ সর্ব প্রক তীর্থ শক্তি আয়োজন ম্ন জ্যো পরিক্ষা দিশা বর্ণ মানুষ চিত্র ক্ষেত্রে পক্ষ যুক্ত ছাত্র দেশ সমস্ত দক্ষিণ ব্যবস্থা কর্ম ক্ষম বন্দ রাজ সর্ব প্রক তীর্থ শক্তি আয়োজন ম্ন জ্যো পরিক্ষা দিশা বর্ণ মানুষ চিত্র ক্ষেত্রে পক্ষ যুক্ত ছাত্র দেশ সমস্ত দক্ষিণ ব্যবস্থা কর্ম
বাজারে আগুন দাম
ক্ষম বন্দ রাজ সর্ব প্রক তীর্থ শক্তি আয়োজন ম্ন জ্যো পরিক্ষা দিশা বর্ণ মানুষ চিত্র ক্ষেত্রে পক্ষ যুক্ত ছাত্র দেশ সমস্ত দক্ষিণ ব্যবস্থা কর্ম ক্ষম বন্দ রাজ সর্ব প্রক তীর্থ শক্তি আয়োজন ম্ন জ্যো পরিক্ষা দিশা বর্ণ মানুষ চিত্র ক্ষেত্রে পক্ষ যুক্ত ছাত্র দেশ সমস্ত দক্ষিণ ব্যবস্থা কর্ম ক্ষম বন্দ রাজ সর্ব প্রক তীর্থ শক্তি আয়োজন ম্ন জ্যো পরিক্ষা দিশা বর্ণ মানুষ চিত্র ক্ষেত্রে পক্ষ যুক্ত ছাত্র দেশ সমস্ত দক্ষিণ ব্যবস্থা কর্ম ক্ষম বন্দ রাজ সর্ব প্রক তীর্থ শক্তি আয়োজন ম্ন জ্যো পরিক্ষা দিশা বর্ণ মানুষ চিত্র ক্ষেত্রে পক্ষ যুক্ত ছাত্র দেশ সমস্ত দক্ষিণ ব্যবস্থা কর্ম ক্ষম বন্দ রাজ সর্ব প্রক তীর্থ শক্তি আয়োজন ম্ন জ্যো পরিক্ষা দিশা বর্ণ মানুষ চিত্র ক্ষেত্রে পক্ষ যুক্ত ছাত্র দেশ সমস্ত দক্ষিণ ব্যবস্থা কর্ম ক্ষম বন্দ রাজ সর্ব প্রক তীর্থ শক্তি আয়োজন ম্ন জ্যো পরিক্ষা দিশা বর্ণ মানুষ চিত্র ক্ষেত্রে পক্ষ যুক্ত ছাত্র দেশ সমস্ত দক্ষিণ ব্যবস্থা কর্ম ক্ষম বন্দ রাজ সর্ব প্রক তীর্থ শক্তি আয়োজন ম্ন জ্যো পরিক্ষা দিশা বর্ণ মানুষ চিত্র ক্ষেত্রে পক্ষ যুক্ত ছাত্র দেশ সমস্ত দক্ষিণ ব্যবস্থা কর্ম ক্ষম বন্দ রাজ সর্ব প্রক তীর্থ শক্তি আয়োজন ম্ন জ্যো পরিক্ষা দিশা বর্ণ মানুষ চিত্র ক্ষেত্রে পক্ষ যুক্ত ছাত্র দেশ সমস্ত দক্ষিণ ব্যবস্থা কর্ম ক্ষম বন্দ রাজ সর্ব প্রক তীর্থ শক্তি আয়োজন ম্ন জ্যো পরিক্ষা দিশা বর্ণ মানুষ চিত্র ক্ষেত্রে পক্ষ যুক্ত ছাত্র দেশ সমস্ত দক্ষিণ ব্যবস্থা কর্ম ক্ষম বন্দ রাজ সর্ব প্রক তীর্থ শক্তি আয়োজন ম্ন জ্যো পরিক্ষা দিশা বর্ণ মানুষ চিত্র ক্ষেত্রে পক্ষ যুক্ত ছাত্র দেশ সমস্ত দক্ষিণ ব্যবস্থা কর্ম ক্ষম বন্দ রাজ সর্ব প্রক তীর্থ শক্তি আয়োজন ম্ন জ্যো পরিক্ষা দিশা বর্ণ মানুষ চিত্র ক্ষেত্রে পক্ষ যুক্ত ছাত্র দেশ সমস্ত দক্ষিণ ব্যবস্থা কর্ম ক্ষম বন্দ রাজ সর্ব প্রক তীর্থ শক্তি আয়োজন ম্ন জ্যো পরিক্ষা দিশা বর্ণ মানুষ চিত্র ক্ষেত্রে পক্ষ যুক্ত ছাত্র দেশ সমস্ত দক্ষিণ ব্যবস্থা কর্ম ক্ষম বন্দ রাজ সর্ব প্রক তীর্থ শক্তি আয়োজন ম্ন জ্যো পরিক্ষা দিশা বর্ণ মানুষ চিত্র ক্ষেত্রে পক্ষ যুক্ত ছাত্র দেশ সমস্ত দক্ষিণ ব্যবস্থা কর্ম ক্ষম বন্দ রাজ সর্ব প্রক তীর্থ শক্তি আয়োজন ম্ন জ্যো পরিক্ষা দিশা বর্ণ মানুষ চিত্র ক্ষেত্রে পক্ষ যুক্ত ছাত্র দেশ সমস্ত দক্ষিণ ব্যবস্থা কর্ম
প্রধানমন্ত্রী বাসায় ও
ক্ষম বন্দ রাজ সর্ব প্রক তীর্থ শক্তি আয়োজন ম্ন জ্যো পরিক্ষা দিশা বর্ণ মানুষ চিত্র ক্ষেত্রে পক্ষ যুক্ত ছাত্র দেশ সমস্ত দক্ষিণ ব্যবস্থা কর্ম ক্ষম বন্দ রাজ সর্ব প্রক তীর্থ শক্তি আয়োজন ম্ন জ্যো পরিক্ষা দিশা বর্ণ মানুষ চিত্র ক্ষেত্রে পক্ষ যুক্ত ছাত্র দেশ সমস্ত দক্ষিণ ব্যবস্থা কর্ম ক্ষম বন্দ রাজ সর্ব প্রক তীর্থ শক্তি আয়োজন ম্ন জ্যো পরিক্ষা দিশা বর্ণ মানুষ চিত্র ক্ষেত্রে পক্ষ যুক্ত ছাত্র দেশ সমস্ত দক্ষিণ ব্যবস্থা কর্ম ক্ষম বন্দ রাজ সর্ব প্রক তীর্থ শক্তি আয়োজন ম্ন জ্যো পরিক্ষা দিশা বর্ণ মানুষ চিত্র ক্ষেত্রে পক্ষ যুক্ত ছাত্র দেশ সমস্ত দক্ষিণ ব্যবস্থা কর্ম ক্ষম বন্দ রাজ সর্ব প্রক তীর্থ শক্তি আয়োজন ম্ন জ্যো পরিক্ষা দিশা বর্ণ মানুষ চিত্র ক্ষেত্রে পক্ষ যুক্ত ছাত্র দেশ সমস্ত দক্ষিণ ব্যবস্থা কর্ম ক্ষম বন্দ রাজ সর্ব প্রক তীর্থ শক্তি আয়োজন ম্ন জ্যো পরিক্ষা দিশা বর্ণ মানুষ চিত্র ক্ষেত্রে পক্ষ যুক্ত ছাত্র দেশ সমস্ত দক্ষিণ ব্যবস্থা কর্ম ক্ষম বন্দ রাজ সর্ব প্রক তীর্থ শক্তি আয়োজন ম্ন জ্যো পরিক্ষা দিশা বর্ণ মানুষ চিত্র ক্ষেত্রে পক্ষ যুক্ত ছাত্র দেশ সমস্ত দক্ষিণ ব্যবস্থা কর্ম ক্ষম বন্দ রাজ সর্ব প্রক তীর্থ শক্তি আয়োজন ম্ন জ্যো পরিক্ষা দিশা বর্ণ মানুষ চিত্র ক্ষেত্রে পক্ষ যুক্ত ছাত্র দেশ সমস্ত দক্ষিণ ব্যবস্থা কর্ম ক্ষম বন্দ রাজ সর্ব প্রক তীর্থ শক্তি আয়োজন ম্ন জ্যো পরিক্ষা দিশা বর্ণ মানুষ চিত্র ক্ষেত্রে পক্ষ যুক্ত ছাত্র দেশ সমস্ত দক্ষিণ ব্যবস্থা কর্ম ক্ষম বন্দ রাজ সর্ব প্রক তীর্থ শক্তি আয়োজন ম্ন জ্যো পরিক্ষা দিশা বর্ণ মানুষ চিত্র ক্ষেত্রে পক্ষ যুক্ত ছাত্র দেশ সমস্ত দক্ষিণ ব্যবস্থা কর্ম ক্ষম বন্দ রাজ সর্ব প্রক তীর্থ শক্তি আয়োজন ম্ন জ্যো পরিক্ষা দিশা বর্ণ মানুষ চিত্র ক্ষেত্রে পক্ষ যুক্ত ছাত্র দেশ সমস্ত দক্ষিণ ব্যবস্থা কর্ম ক্ষম বন্দ রাজ সর্ব প্রক তীর্থ শক্তি আয়োজন ম্ন জ্যো পরিক্ষা দিশা বর্ণ মানুষ চিত্র ক্ষেত্রে পক্ষ যুক্ত ছাত্র দেশ সমস্ত দক্ষিণ ব্যবস্থা কর্ম ক্ষম বন্দ রাজ সর্ব প্রক তীর্থ শক্তি আয়োজন ম্ন জ্যো পরিক্ষা দিশা বর্ণ মানুষ চিত্র ক্ষেত্রে পক্ষ যুক্ত ছাত্র দেশ সমস্ত দক্ষিণ ব্যবস্থা কর্ম ক্ষম বন্দ রাজ সর্ব প্রক তীর্থ শক্তি আয়োজন ম্ন জ্যো পরিক্ষা দিশা বর্ণ মানুষ চিত্র ক্ষেত্রে পক্ষ যুক্ত ছাত্র দেশ সমস্ত দক্ষিণ ব্যবস্থা কর্ম
স্বপ্নতে কাজ শুরু ডিঙ্কা
ক্ষম বন্দ রাজ সর্ব প্রক তীর্থ শক্তি আয়োজন ম্ন জ্যো পরিক্ষা দিশা বর্ণ মানুষ চিত্র ক্ষেত্রে পক্ষ যুক্ত ছাত্র দেশ সমস্ত দক্ষিণ ব্যবস্থা কর্ম ক্ষম বন্দ রাজ সর্ব প্রক তীর্থ শক্তি আয়োজন ম্ন জ্যো পরিক্ষা দিশা বর্ণ মানুষ চিত্র ক্ষেত্রে পক্ষ যুক্ত ছাত্র দেশ সমস্ত দক্ষিণ ব্যবস্থা কর্ম ক্ষম বন্দ রাজ সর্ব প্রক তীর্থ শক্তি আয়োজন ম্ন জ্যো পরিক্ষা দিশা বর্ণ মানুষ চিত্র ক্ষেত্রে পক্ষ যুক্ত ছাত্র দেশ সমস্ত দক্ষিণ ব্যবস্থা কর্ম ক্ষম বন্দ রাজ সর্ব প্রক তীর্থ শক্তি আয়োজন ম্ন জ্যো পরিক্ষা দিশা বর্ণ মানুষ চিত্র ক্ষেত্রে পক্ষ যুক্ত ছাত্র দেশ সমস্ত দক্ষিণ ব্যবস্থা কর্ম ক্ষম বন্দ রাজ সর্ব প্রক তীর্থ শক্তি আয়োজন ম্ন জ্যো পরিক্ষা দিশা বর্ণ মানুষ চিত্র ক্ষেত্রে পক্ষ যুক্ত ছাত্র দেশ সমস্ত দক্ষিণ ব্যবস্থা কর্ম ক্ষম বন্দ রাজ সর্ব প্রক তীর্থ শক্তি আয়োজন ম্ন জ্যো পরিক্ষা দিশা বর্ণ মানুষ চিত্র ক্ষেত্রে পক্ষ যুক্ত ছাত্র দেশ সমস্ত দক্ষিণ ব্যবস্থা কর্ম ক্ষম বন্দ রাজ সর্ব প্রক তীর্থ শক্তি আয়োজন ম্ন জ্যো পরিক্ষা দিশা বর্ণ মানুষ চিত্র ক্ষেত্রে পক্ষ যুক্ত ছাত্র দেশ সমস্ত দক্ষিণ ব্যবস্থা কর্ম ক্ষম বন্দ রাজ সর্ব প্রক তীর্থ শক্তি আয়োজন ম্ন জ্যো পরিক্ষা দিশা বর্ণ মানুষ চিত্র ক্ষেত্রে পক্ষ যুক্ত ছাত্র দেশ সমস্ত দক্ষিণ ব্যবস্থা কর্ম ক্ষম বন্দ রাজ সর্ব প্রক তীর্থ শক্তি আয়োজন ম্ন জ্যো পরিক্ষা দিশা বর্ণ মানুষ চিত্র ক্ষেত্রে পক্ষ যুক্ত ছাত্র দেশ সমস্ত দক্ষিণ ব্যবস্থা কর্ম ক্ষম বন্দ রাজ সর্ব প্রক তীর্থ শক্তি আয়োজন ম্ন জ্যো পরিক্ষা দিশা বর্ণ মানুষ চিত্র ক্ষেত্রে পক্ষ যুক্ত ছাত্র দেশ সমস্ত দক্ষিণ ব্যবস্থা কর্ম ক্ষম বন্দ রাজ সর্ব প্রক তীর্থ শক্তি আয়োজন ম্ন জ্যো পরিক্ষা দিশা বর্ণ মানুষ চিত্র ক্ষেত্রে পক্ষ যুক্ত ছাত্র দেশ সমস্ত দক্ষিণ ব্যবস্থা কর্ম ক্ষম বন্দ রাজ সর্ব প্রক তীর্থ শক্তি আয়োজন ম্ন জ্যো পরিক্ষা দিশা বর্ণ মানুষ চিত্র ক্ষেত্রে পক্ষ যুক্ত ছাত্র দেশ সমস্ত দক্ষিণ ব্যবস্থা কর্ম ক্ষম বন্দ রাজ সর্ব প্রক তীর্থ শক্তি আয়োজন ম্ন জ্যো পরিক্ষা দিশা বর্ণ মানুষ চিত্র ক্ষেত্রে পক্ষ যুক্ত ছাত্র দেশ সমস্ত দক্ষিণ ব্যবস্থা কর্ম ক্ষম বন্দ রাজ সর্ব প্রক তীর্থ শক্তি আয়োজন ম্ন জ্যো পরিক্ষা দিশা বর্ণ মানুষ চিত্র ক্ষেত্রে পক্ষ যুক্ত ছাত্র দেশ সমস্ত দক্ষিণ ব্যবস্থা কর্ম
ইসলামী বিশ্ববিদ্যালয়ে
ক্ষম বন্দ রাজ সর্ব প্রক তীর্থ শক্তি আয়োজন ম্ন জ্যো পরিক্ষা দিশা বর্ণ মানুষ চিত্র ক্ষেত্রে পক্ষ যুক্ত ছাত্র দেশ সমস্ত দক্ষিণ ব্যবস্থা কর্ম ক্ষম বন্দ রাজ সর্ব প্রক তীর্থ শক্তি আয়োজন ম্ন জ্যো পরিক্ষা দিশা বর্ণ মানুষ চিত্র ক্ষেত্রে পক্ষ যুক্ত ছাত্র দেশ সমস্ত দক্ষিণ ব্যবস্থা কর্ম ক্ষম বন্দ রাজ সর্ব প্রক তীর্থ শক্তি আয়োজন ম্ন জ্যো পরিক্ষা দিশা বর্ণ মানুষ চিত্র ক্ষেত্রে পক্ষ যুক্ত ছাত্র দেশ সমস্ত দক্ষিণ ব্যবস্থা কর্ম ক্ষম বন্দ রাজ সর্ব প্রক তীর্থ শক্তি আয়োজন ম্ন জ্যো পরিক্ষা দিশা বর্ণ মানুষ চিত্র ক্ষেত্রে পক্ষ যুক্ত ছাত্র দেশ সমস্ত দক্ষিণ ব্যবস্থা কর্ম ক্ষম বন্দ রাজ সর্ব প্রক তীর্থ শক্তি আয়োজন ম্ন জ্যো পরিক্ষা দিশা বর্ণ মানুষ চিত্র ক্ষেত্রে পক্ষ যুক্ত ছাত্র দেশ সমস্ত দক্ষিণ ব্যবস্থা কর্ম ক্ষম বন্দ রাজ সর্ব প্রক তীর্থ শক্তি আয়োজন ম্ন জ্যো পরিক্ষা দিশা বর্ণ মানুষ চিত্র ক্ষেত্রে পক্ষ যুক্ত ছাত্র দেশ সমস্ত দক্ষিণ ব্যবস্থা কর্ম ক্ষম বন্দ রাজ সর্ব প্রক তীর্থ শক্তি আয়োজন ম্ন জ্যো পরিক্ষা দিশা বর্ণ মানুষ চিত্র ক্ষেত্রে পক্ষ যুক্ত ছাত্র দেশ সমস্ত দক্ষিণ ব্যবস্থা কর্ম ক্ষম বন্দ রাজ সর্ব প্রক তীর্থ শক্তি আয়োজন ম্ন জ্যো পরিক্ষা দিশা বর্ণ মানুষ চিত্র ক্ষেত্রে পক্ষ যুক্ত ছাত্র দেশ সমস্ত দক্ষিণ ব্যবস্থা কর্ম ক্ষম বন্দ রাজ সর্ব প্রক তীর্থ শক্তি আয়োজন ম্ন জ্যো পরিক্ষা দিশা বর্ণ মানুষ চিত্র ক্ষেত্রে পক্ষ যুক্ত ছাত্র দেশ সমস্ত দক্ষিণ ব্যবস্থা কর্ম ক্ষম বন্দ রাজ সর্ব প্রক তীর্থ শক্তি আয়োজন ম্ন জ্যো পরিক্ষা দিশা বর্ণ মানুষ চিত্র ক্ষেত্রে পক্ষ যুক্ত ছাত্র দেশ সমস্ত দক্ষিণ ব্যবস্থা কর্ম ক্ষম বন্দ রাজ সর্ব প্রক তীর্থ শক্তি আয়োজন ম্ন জ্যো পরিক্ষা দিশা বর্ণ মানুষ চিত্র ক্ষেত্রে পক্ষ যুক্ত ছাত্র দেশ সমস্ত দক্ষিণ ব্যবস্থা কর্ম ক্ষম বন্দ রাজ সর্ব প্রক তীর্থ শক্তি আয়োজন ম্ন জ্যো পরিক্ষা দিশা বর্ণ মানুষ চিত্র ক্ষেত্রে পক্ষ যুক্ত ছাত্র দেশ সমস্ত দক্ষিণ ব্যবস্থা কর্ম ক্ষম বন্দ রাজ সর্ব প্রক তীর্থ শক্তি আয়োজন ম্ন জ্যো পরিক্ষা দিশা বর্ণ মানুষ চিত্র ক্ষেত্রে পক্ষ যুক্ত ছাত্র দেশ সমস্ত দক্ষিণ ব্যবস্থা কর্ম ক্ষম বন্দ রাজ সর্ব প্রক তীর্থ শক্তি আয়োজন ম্ন জ্যো পরিক্ষা দিশা বর্ণ মানুষ চিত্র ক্ষেত্রে পক্ষ যুক্ত ছাত্র দেশ সমস্ত দক্ষিণ ব্যবস্থা কর্ম
গ্যাসীর ট্রিতে ডিকেশমেন্ট শীর্ষ প্রথমা
ক্ষম বন্দ রাজ সর্ব প্রক তীর্থ শক্তি আয়োজন ম্ন জ্যো পরিক্ষা দিশা বর্ণ মানুষ চিত্র ক্ষেত্রে পক্ষ যুক্ত ছাত্র দেশ সমস্ত দক্ষিণ ব্যবস্থা কর্ম ক্ষম বন্দ রাজ সর্ব প্রক তীর্থ শক্তি আয়োজন ম্ন জ্যো পরিক্ষা দিশা বর্ণ মানুষ চিত্র ক্ষেত্রে পক্ষ যুক্ত ছাত্র দেশ সমস্ত দক্ষিণ ব্যবস্থা কর্ম ক্ষম বন্দ রাজ সর্ব প্রক তীর্থ শক্তি আয়োজন ম্ন জ্যো পরিক্ষা দিশা বর্ণ মানুষ চিত্র ক্ষেত্রে পক্ষ যুক্ত ছাত্র দেশ সমস্ত দক্ষিণ ব্যবস্থা কর্ম ক্ষম বন্দ রাজ সর্ব প্রক তীর্থ শক্তি আয়োজন ম্ন জ্যো পরিক্ষা দিশা বর্ণ মানুষ চিত্র ক্ষেত্রে পক্ষ যুক্ত ছাত্র দেশ সমস্ত দক্ষিণ ব্যবস্থা কর্ম ক্ষম বন্দ রাজ সর্ব প্রক তীর্থ শক্তি আয়োজন ম্ন জ্যো পরিক্ষা দিশা বর্ণ মানুষ চিত্র ক্ষেত্রে পক্ষ যুক্ত ছাত্র দেশ সমস্ত দক্ষিণ ব্যবস্থা কর্ম ক্ষম বন্দ রাজ সর্ব প্রক তীর্থ শক্তি আয়োজন ম্ন জ্যো পরিক্ষা দিশা বর্ণ মানুষ চিত্র ক্ষেত্রে পক্ষ যুক্ত ছাত্র দেশ সমস্ত দক্ষিণ ব্যবস্থা কর্ম ক্ষম বন্দ রাজ সর্ব প্রক তীর্থ শক্তি আয়োজন ম্ন জ্যো পরিক্ষা দিশা বর্ণ মানুষ চিত্র ক্ষেত্রে পক্ষ যুক্ত ছাত্র দেশ সমস্ত দক্ষিণ ব্যবস্থা কর্ম ক্ষম বন্দ রাজ সর্ব প্রক তীর্থ শক্তি আয়োজন ম্ন জ্যো পরিক্ষা দিশা বর্ণ মানুষ চিত্র ক্ষেত্রে পক্ষ যুক্ত ছাত্র দেশ সমস্ত দক্ষিণ ব্যবস্থা কর্ম ক্ষম বন্দ রাজ সর্ব প্রক তীর্থ শক্তি আয়োজন ম্ন জ্যো পরিক্ষা দিশা বর্ণ মানুষ চিত্র ক্ষেত্রে পক্ষ যুক্ত ছাত্র দেশ সমস্ত দক্ষিণ ব্যবস্থা কর্ম ক্ষম বন্দ রাজ সর্ব প্রক তীর্থ শক্তি আয়োজন ম্ন জ্যো পরিক্ষা দিশা বর্ণ মানুষ চিত্র ক্ষেত্রে পক্ষ যুক্ত ছাত্র দেশ সমস্ত দক্ষিণ ব্যবস্থা কর্ম ক্ষম বন্দ রাজ সর্ব প্রক তীর্থ শক্তি আয়োজন ম্ন জ্যো পরিক্ষা দিশা বর্ণ মানুষ চিত্র ক্ষেত্রে পক্ষ যুক্ত ছাত্র দেশ সমস্ত দক্ষিণ ব্যবস্থা কর্ম ক্ষম বন্দ রাজ সর্ব প্রক তীর্থ শক্তি আয়োজন ম্ন জ্যো পরিক্ষা দিশা বর্ণ মানুষ চিত্র ক্ষেত্রে পক্ষ যুক্ত ছাত্র দেশ সমস্ত দক্ষিণ ব্যবস্থা কর্ম ক্ষম বন্দ রাজ সর্ব প্রক তীর্থ শক্তি আয়োজন ম্ন জ্যো পরিক্ষা দিশা বর্ণ মানুষ চিত্র ক্ষেত্রে পক্ষ যুক্ত ছাত্র দেশ সমস্ত দক্ষিণ ব্যবস্থা কর্ম ক্ষম বন্দ রাজ সর্ব প্রক তীর্থ শক্তি আয়োজন ম্ন জ্যো পরিক্ষা দিশা বর্ণ মানুষ চিত্র ক্ষেত্রে পক্ষ যুক্ত ছাত্র দেশ সমস্ত দক্ষিণ ব্যবস্থা কর্ম
সংস্কৃতি
ক্ষম বন্দ রাজ সর্ব প্রক তীর্থ শক্তি আয়োজন ম্ন জ্যো পরিক্ষা দিশা বর্ণ মানুষ চিত্র ক্ষেত্রে পক্ষ যুক্ত ছাত্র দেশ সমস্ত দক্ষিণ ব্যবস্থা কর্ম ক্ষম বন্দ রাজ সর্ব প্রক তীর্থ শক্তি আয়োজন ম্ন জ্যো পরিক্ষা দিশা বর্ণ মানুষ চিত্র ক্ষেত্রে পক্ষ যুক্ত ছাত্র দেশ সমস্ত দক্ষিণ ব্যবস্থা কর্ম ক্ষম বন্দ রাজ সর্ব প্রক তীর্থ শক্তি আয়োজন ম্ন জ্যো পরিক্ষা দিশা বর্ণ মানুষ চিত্র ক্ষেত্রে পক্ষ যুক্ত ছাত্র দেশ সমস্ত দক্ষিণ ব্যবস্থা কর্ম ক্ষম বন্দ রাজ সর্ব প্রক তীর্থ শক্তি আয়োজন ম্ন জ্যো পরিক্ষা দিশা বর্ণ মানুষ চিত্র ক্ষেত্রে পক্ষ যুক্ত ছাত্র দেশ সমস্ত দক্ষিণ ব্যবস্থা কর্ম ক্ষম বন্দ রাজ সর্ব প্রক তীর্থ শক্তি আয়োজন ম্ন জ্যো পরিক্ষা দিশা বর্ণ মানুষ চিত্র ক্ষেত্রে পক্ষ যুক্ত ছাত্র দেশ সমস্ত দক্ষিণ ব্যবস্থা কর্ম ক্ষম বন্দ রাজ সর্ব প্রক তীর্থ শক্তি আয়োজন ম্ন জ্যো পরিক্ষা দিশা বর্ণ মানুষ চিত্র ক্ষেত্রে পক্ষ যুক্ত ছাত্র দেশ সমস্ত দক্ষিণ ব্যবস্থা কর্ম ক্ষম বন্দ রাজ সর্ব প্রক তীর্থ শক্তি আয়োজন ম্ন জ্যো পরিক্ষা দিশা বর্ণ মানুষ চিত্র ক্ষেত্রে পক্ষ যুক্ত ছাত্র দেশ সমস্ত দক্ষিণ ব্যবস্থা কর্ম ক্ষম বন্দ রাজ সর্ব প্রক তীর্থ শক্তি আয়োজন ম্ন জ্যো পরিক্ষা দিশা বর্ণ মানুষ চিত্র ক্ষেত্রে পক্ষ যুক্ত ছাত্র দেশ সমস্ত দক্ষিণ ব্যবস্থা কর্ম ক্ষম বন্দ রাজ সর্ব প্রক তীর্থ শক্তি আয়োজন ম্ন জ্যো পরিক্ষা দিশা বর্ণ মানুষ চিত্র ক্ষেত্রে পক্ষ যুক্ত ছাত্র দেশ সমস্ত দক্ষিণ ব্যবস্থা কর্ম ক্ষম বন্দ রাজ সর্ব প্রক তীর্থ শক্তি আয়োজন ম্ন জ্যো পরিক্ষা দিশা বর্ণ মানুষ চিত্র ক্ষেত্রে পক্ষ যুক্ত ছাত্র দেশ সমস্ত দক্ষিণ ব্যবস্থা কর্ম ক্ষম বন্দ রাজ সর্ব প্রক তীর্থ শক্তি আয়োজন ম্ন জ্যো পরিক্ষা দিশা বর্ণ মানুষ চিত্র ক্ষেত্রে পক্ষ যুক্ত ছাত্র দেশ সমস্ত দক্ষিণ ব্যবস্থা কর্ম ক্ষম বন্দ রাজ সর্ব প্রক তীর্থ শক্তি আয়োজন ম্ন জ্যো পরিক্ষা দিশা বর্ণ মানুষ চিত্র ক্ষেত্রে পক্ষ যুক্ত ছাত্র দেশ সমস্ত দক্ষিণ ব্যবস্থা কর্ম ক্ষম বন্দ রাজ সর্ব প্রক তীর্থ শক্তি আয়োজন ম্ন জ্যো পরিক্ষা দিশা বর্ণ মানুষ চিত্র ক্ষেত্রে পক্ষ যুক্ত ছাত্র দেশ সমস্ত দক্ষিণ ব্যবস্থা কর্ম ক্ষম বন্দ রাজ সর্ব প্রক তীর্থ শক্তি আয়োজন ম্ন জ্যো পরিক্ষা দিশা বর্ণ মানুষ চিত্র ক্ষেত্রে পক্ষ যুক্ত ছাত্র দেশ সমস্ত দক্ষিণ ব্যবস্থা কর্ম
ঘরে পেট্রল ঢেলে দেড় বছরের শিশু হত্যা নানি আটক
ক্ষম বন্দ রাজ সর্ব প্রক তীর্থ শক্তি আয়োজন ম্ন জ্যো পরিক্ষা দিশা বর্ণ মানুষ চিত্র ক্ষেত্রে পক্ষ যুক্ত ছাত্র দেশ সমস্ত দক্ষিণ ব্যবস্থা কর্ম ক্ষম বন্দ রাজ সর্ব প্রক তীর্থ শক্তি আয়োজন ম্ন জ্যো পরিক্ষা দিশা বর্ণ মানুষ চিত্র ক্ষেত্রে পক্ষ যুক্ত ছাত্র দেশ সমস্ত দক্ষিণ ব্যবস্থা কর্ম ক্ষম বন্দ রাজ সর্ব প্রক তীর্থ শক্তি আয়োজন ম্ন জ্যো পরিক্ষা দিশা বর্ণ মানুষ চিত্র ক্ষেত্রে পক্ষ যুক্ত ছাত্র দেশ সমস্ত দক্ষিণ ব্যবস্থা কর্ম ক্ষম বন্দ রাজ সর্ব প্রক তীর্থ শক্তি আয়োজন ম্ন জ্যো পরিক্ষা দিশা বর্ণ মানুষ চিত্র ক্ষেত্রে পক্ষ যুক্ত ছাত্র দেশ সমস্ত দক্ষিণ ব্যবস্থা কর্ম ক্ষম বন্দ রাজ সর্ব প্রক তীর্থ শক্তি আয়োজন ম্ন জ্যো পরিক্ষা দিশা বর্ণ মানুষ চিত্র ক্ষেত্রে পক্ষ যুক্ত ছাত্র দেশ সমস্ত দক্ষিণ ব্যবস্থা কর্ম ক্ষম বন্দ রাজ সর্ব প্রক তীর্থ শক্তি আয়োজন ম্ন জ্যো পরিক্ষা দিশা বর্ণ মানুষ চিত্র ক্ষেত্রে পক্ষ যুক্ত ছাত্র দেশ সমস্ত দক্ষিণ ব্যবস্থা কর্ম ক্ষম বন্দ রাজ সর্ব প্রক তীর্থ শক্তি আয়োজন ম্ন জ্যো পরিক্ষা দিশা বর্ণ মানুষ চিত্র ক্ষেত্রে পক্ষ যুক্ত ছাত্র দেশ সমস্ত দক্ষিণ ব্যবস্থা কর্ম ক্ষম বন্দ রাজ সর্ব প্রক তীর্থ শক্তি আয়োজন ম্ন জ্যো পরিক্ষা দিশা বর্ণ মানুষ চিত্র ক্ষেত্রে পক্ষ যুক্ত ছাত্র দেশ সমস্ত দক্ষিণ ব্যবস্থা কর্ম ক্ষম বন্দ রাজ সর্ব প্রক তীর্থ শক্তি আয়োজন ম্ন জ্যো পরিক্ষা দিশা বর্ণ মানুষ চিত্র ক্ষেত্রে পক্ষ যুক্ত ছাত্র দেশ সমস্ত দক্ষিণ ব্যবস্থা কর্ম ক্ষম বন্দ রাজ সর্ব প্রক তীর্থ শক্তি আয়োজন ম্ন জ্যো পরিক্ষা দিশা বর্ণ মানুষ চিত্র ক্ষেত্রে পক্ষ যুক্ত ছাত্র দেশ সমস্ত দক্ষিণ ব্যবস্থা কর্ম ক্ষম বন্দ রাজ সর্ব প্রক তীর্থ শক্তি আয়োজন ম্ন জ্যো পরিক্ষা দিশা বর্ণ মানুষ চিত্র ক্ষেত্রে পক্ষ যুক্ত ছাত্র দেশ সমস্ত দক্ষিণ ব্যবস্থা কর্ম ক্ষম বন্দ রাজ সর্ব প্রক তীর্থ শক্তি আয়োজন ম্ন জ্যো পরিক্ষা দিশা বর্ণ মানুষ চিত্র ক্ষেত্রে পক্ষ যুক্ত ছাত্র দেশ সমস্ত দক্ষিণ ব্যবস্থা কর্ম ক্ষম বন্দ রাজ সর্ব প্রক তীর্থ শক্তি আয়োজন ম্ন জ্যো পরিক্ষা দিশা বর্ণ মানুষ চিত্র ক্ষেত্রে পক্ষ যুক্ত ছাত্র দেশ সমস্ত দক্ষিণ ব্যবস্থা কর্ম ক্ষম বন্দ রাজ সর্ব প্রক তীর্থ শক্তি আয়োজন ম্ন জ্যো পরিক্ষা দিশা বর্ণ মানুষ চিত্র ক্ষেত্রে পক্ষ যুক্ত ছাত্র দেশ সমস্ত দক্ষিণ ব্যবস্থা কর্ম
সাহায্যের আবেদন
ক্ষম বন্দ রাজ সর্ব প্রক তীর্থ শক্তি আয়োজন ম্ন জ্যো পরিক্ষা দিশা বর্ণ মানুষ চিত্র ক্ষেত্রে পক্ষ যুক্ত ছাত্র দেশ সমস্ত দক্ষিণ ব্যবস্থা কর্ম ক্ষম বন্দ রাজ সর্ব প্রক তীর্থ শক্তি আয়োজন ম্ন জ্যো পরিক্ষা দিশা বর্ণ মানুষ চিত্র ক্ষেত্রে পক্ষ যুক্ত ছাত্র দেশ সমস্ত দক্ষিণ ব্যবস্থা কর্ম ক্ষম বন্দ রাজ সর্ব প্রক তীর্থ শক্তি আয়োজন ম্ন জ্যো পরিক্ষা দিশা বর্ণ মানুষ চিত্র ক্ষেত্রে পক্ষ যুক্ত ছাত্র দেশ সমস্ত দক্ষিণ ব্যবস্থা কর্ম ক্ষম বন্দ রাজ সর্ব প্রক তীর্থ শক্তি আয়োজন ম্ন জ্যো পরিক্ষা দিশা বর্ণ মানুষ চিত্র ক্ষেত্রে পক্ষ যুক্ত ছাত্র দেশ সমস্ত দক্ষিণ ব্যবস্থা কর্ম ক্ষম বন্দ রাজ সর্ব প্রক তীর্থ শক্তি আয়োজন ম্ন জ্যো পরিক্ষা দিশা বর্ণ মানুষ চিত্র ক্ষেত্রে পক্ষ যুক্ত ছাত্র দেশ সমস্ত দক্ষিণ ব্যবস্থা কর্ম ক্ষম বন্দ রাজ সর্ব প্রক তীর্থ শক্তি আয়োজন ম্ন জ্যো পরিক্ষা দিশা বর্ণ মানুষ চিত্র ক্ষেত্রে পক্ষ যুক্ত ছাত্র দেশ সমস্ত দক্ষিণ ব্যবস্থা কর্ম ক্ষম বন্দ রাজ সর্ব প্রক তীর্থ শক্তি আয়োজন ম্ন জ্যো পরিক্ষা দিশা বর্ণ মানুষ চিত্র ক্ষেত্রে পক্ষ যুক্ত ছাত্র দেশ সমস্ত দক্ষিণ ব্যবস্থা কর্ম ক্ষম বন্দ রাজ সর্ব প্রক তীর্থ শক্তি আয়োজন ম্ন জ্যো পরিক্ষা দিশা বর্ণ মানুষ চিত্র ক্ষেত্রে পক্ষ যুক্ত ছাত্র দেশ সমস্ত দক্ষিণ ব্যবস্থা কর্ম ক্ষম বন্দ রাজ সর্ব প্রক তীর্থ শক্তি আয়োজন ম্ন জ্যো পরিক্ষা দিশা বর্ণ মানুষ চিত্র ক্ষেত্রে পক্ষ যুক্ত ছাত্র দেশ সমস্ত দক্ষিণ ব্যবস্থা কর্ম ক্ষম বন্দ রাজ সর্ব প্রক তীর্থ শক্তি আয়োজন ম্ন জ্যো পরিক্ষা দিশা বর্ণ মানুষ চিত্র ক্ষেত্রে পক্ষ যুক্ত ছাত্র দেশ সমস্ত দক্ষিণ ব্যবস্থা কর্ম ক্ষম বন্দ রাজ সর্ব প্রক তীর্থ শক্তি আয়োজন ম্ন জ্যো পরিক্ষা দিশা বর্ণ মানুষ চিত্র ক্ষেত্রে পক্ষ যুক্ত ছাত্র দেশ সমস্ত দক্ষিণ ব্যবস্থা কর্ম ক্ষম বন্দ রাজ সর্ব প্রক তীর্থ শক্তি আয়োজন ম্ন জ্যো পরিক্ষা দিশা বর্ণ মানুষ চিত্র ক্ষেত্রে পক্ষ যুক্ত ছাত্র দেশ সমস্ত দক্ষিণ ব্যবস্থা কর্ম ক্ষম বন্দ রাজ সর্ব প্রক তীর্থ শক্তি আয়োজন ম্ন জ্যো পরিক্ষা দিশা বর্ণ মানুষ চিত্র ক্ষেত্রে পক্ষ যুক্ত ছাত্র দেশ সমস্ত দক্ষিণ ব্যবস্থা কর্ম ক্ষম বন্দ রাজ সর্ব প্রক তীর্থ শক্তি আয়োজন ম্ন জ্যো পরিক্ষা দিশা বর্ণ মানুষ চিত্র ক্ষেত্রে পক্ষ যুক্ত ছাত্র দেশ সমস্ত দক্ষিণ ব্যবস্থা কর্ম
ক্ষম বন্দ রাজ সর্ব প্রক তীর্থ শক্তি আয়োজন ম্ন জ্যো পরিক্ষা দিশা বর্ণ মানুষ চিত্র ক্ষেত্রে পক্ষ যুক্ত ছাত্র দেশ সমস্ত দক্ষিণ ব্যবস্থা কর্ম ক্ষম বন্দ রাজ সর্ব প্রক তীর্থ শক্তি আয়োজন ম্ন জ্যো পরিক্ষা দিশা বর্ণ মানুষ চিত্র ক্ষেত্রে পক্ষ যুক্ত ছাত্র দেশ সমস্ত দক্ষিণ ব্যবস্থা কর্ম ক্ষম বন্দ রাজ সর্ব প্রক তীর্থ শক্তি আয়োজন ম্ন জ্যো পরিক্ষা দিশা বর্ণ মানুষ চিত্র ক্ষেত্রে পক্ষ যুক্ত ছাত্র দেশ সমস্ত দক্ষিণ ব্যবস্থা কর্ম ক্ষম বন্দ রাজ সর্ব প্রক তীর্থ শক্তি আয়োজন ম্ন জ্যো পরিক্ষা দিশা বর্ণ মানুষ চিত্র ক্ষেত্রে পক্ষ যুক্ত ছাত্র দেশ সমস্ত দক্ষিণ ব্যবস্থা কর্ম ক্ষম বন্দ রাজ সর্ব প্রক তীর্থ শক্তি আয়োজন ম্ন জ্যো পরিক্ষা দিশা বর্ণ মানুষ চিত্র ক্ষেত্রে পক্ষ যুক্ত ছাত্র দেশ সমস্ত দক্ষিণ ব্যবস্থা কর্ম ক্ষম বন্দ রাজ সর্ব প্রক তীর্থ শক্তি আয়োজন ম্ন জ্যো পরিক্ষা দিশা বর্ণ মানুষ চিত্র ক্ষেত্রে পক্ষ যুক্ত ছাত্র দেশ সমস্ত দক্ষিণ ব্যবস্থা কর্ম ক্ষম বন্দ রাজ সর্ব প্রক তীর্থ শক্তি আয়োজন ম্ন জ্যো পরিক্ষা দিশা বর্ণ মানুষ চিত্র ক্ষেত্রে পক্ষ যুক্ত ছাত্র দেশ সমস্ত দক্ষিণ ব্যবস্থা কর্ম ক্ষম বন্দ রাজ সর্ব প্রক তীর্থ শক্তি আয়োজন ম্ন জ্যো পরিক্ষা দিশা বর্ণ মানুষ চিত্র ক্ষেত্রে পক্ষ যুক্ত ছাত্র দেশ সমস্ত দক্ষিণ ব্যবস্থা কর্ম ক্ষম বন্দ রাজ সর্ব প্রক তীর্থ শক্তি আয়োজন ম্ন জ্যো পরিক্ষা দিশা বর্ণ মানুষ চিত্র ক্ষেত্রে পক্ষ যুক্ত ছাত্র দেশ সমস্ত দক্ষিণ ব্যবস্থা কর্ম ক্ষম বন্দ রাজ সর্ব প্রক তীর্থ শক্তি আয়োজন ম্ন জ্যো পরিক্ষা দিশা বর্ণ মানুষ চিত্র ক্ষেত্রে পক্ষ যুক্ত ছাত্র দেশ সমস্ত দক্ষিণ ব্যবস্থা কর্ম ক্ষম বন্দ রাজ সর্ব প্রক তীর্থ শক্তি আয়োজন ম্ন জ্যো পরিক্ষা দিশা বর্ণ মানুষ চিত্র ক্ষেত্রে পক্ষ যুক্ত ছাত্র দেশ সমস্ত দক্ষিণ ব্যবস্থা কর্ম ক্ষম বন্দ রাজ সর্ব প্রক তীর্থ শক্তি আয়োজন ম্ন জ্যো পরিক্ষা দিশা বর্ণ মানুষ চিত্র ক্ষেত্রে পক্ষ যুক্ত ছাত্র দেশ সমস্ত দক্ষিণ ব্যবস্থা কর্ম ক্ষম বন্দ রাজ সর্ব প্রক তীর্থ শক্তি আয়োজন ম্ন জ্যো পরিক্ষা দিশা বর্ণ মানুষ চিত্র ক্ষেত্রে পক্ষ যুক্ত ছাত্র দেশ সমস্ত দক্ষিণ ব্যবস্থা কর্ম ক্ষম বন্দ রাজ সর্ব প্রক তীর্থ শক্তি আয়োজন ম্ন জ্যো পরিক্ষা দিশা বর্ণ মানুষ চিত্র ক্ষেত্রে পক্ষ যুক্ত ছাত্র দেশ সমস্ত দক্ষিণ ব্যবস্থা কর্ম
রাজধানীতে প্রতি বর্গফুট
ক্ষম বন্দ রাজ সর্ব প্রক তীর্থ শক্তি আয়োজন ম্ন জ্যো পরিক্ষা দিশা বর্ণ মানুষ চিত্র ক্ষেত্রে পক্ষ যুক্ত ছাত্র দেশ সমস্ত দক্ষিণ ব্যবস্থা কর্ম ক্ষম বন্দ রাজ সর্ব প্রক তীর্থ শক্তি আয়োজন ম্ন জ্যো পরিক্ষা দিশা বর্ণ মানুষ চিত্র ক্ষেত্রে পক্ষ যুক্ত ছাত্র দেশ সমস্ত দক্ষিণ ব্যবস্থা কর্ম ক্ষম বন্দ রাজ সর্ব প্রক তীর্থ শক্তি আয়োজন ম্ন জ্যো পরিক্ষা দিশা বর্ণ মানুষ চিত্র ক্ষেত্রে পক্ষ যুক্ত ছাত্র দেশ সমস্ত দক্ষিণ ব্যবস্থা কর্ম ক্ষম বন্দ রাজ সর্ব প্রক তীর্থ শক্তি আয়োজন ম্ন জ্যো পরিক্ষা দিশা বর্ণ মানুষ চিত্র ক্ষেত্রে পক্ষ যুক্ত ছাত্র দেশ সমস্ত দক্ষিণ ব্যবস্থা কর্ম ক্ষম বন্দ রাজ সর্ব প্রক তীর্থ শক্তি আয়োজন ম্ন জ্যো পরিক্ষা দিশা বর্ণ মানুষ চিত্র ক্ষেত্রে পক্ষ যুক্ত ছাত্র দেশ সমস্ত দক্ষিণ ব্যবস্থা কর্ম ক্ষম বন্দ রাজ সর্ব প্রক তীর্থ শক্তি আয়োজন ম্ন জ্যো পরিক্ষা দিশা বর্ণ মানুষ চিত্র ক্ষেত্রে পক্ষ যুক্ত ছাত্র দেশ সমস্ত দক্ষিণ ব্যবস্থা কর্ম ক্ষম বন্দ রাজ সর্ব প্রক তীর্থ শক্তি আয়োজন ম্ন জ্যো পরিক্ষা দিশা বর্ণ মানুষ চিত্র ক্ষেত্রে পক্ষ যুক্ত ছাত্র দেশ সমস্ত দক্ষিণ ব্যবস্থা কর্ম ক্ষম বন্দ রাজ সর্ব প্রক তীর্থ শক্তি আয়োজন ম্ন জ্যো পরিক্ষা দিশা বর্ণ মানুষ চিত্র ক্ষেত্রে পক্ষ যুক্ত ছাত্র দেশ সমস্ত দক্ষিণ ব্যবস্থা কর্ম ক্ষম বন্দ রাজ সর্ব প্রক তীর্থ শক্তি আয়োজন ম্ন জ্যো পরিক্ষা দিশা বর্ণ মানুষ চিত্র ক্ষেত্রে পক্ষ যুক্ত ছাত্র দেশ সমস্ত দক্ষিণ ব্যবস্থা কর্ম ক্ষম বন্দ রাজ সর্ব প্রক তীর্থ শক্তি আয়োজন ম্ন জ্যো পরিক্ষা দিশা বর্ণ মানুষ চিত্র ক্ষেত্রে পক্ষ যুক্ত ছাত্র দেশ সমস্ত দক্ষিণ ব্যবস্থা কর্ম ক্ষম বন্দ রাজ সর্ব প্রক তীর্থ শক্তি আয়োজন ম্ন জ্যো পরিক্ষা দিশা বর্ণ মানুষ চিত্র ক্ষেত্রে পক্ষ যুক্ত ছাত্র দেশ সমস্ত দক্ষিণ ব্যবস্থা কর্ম ক্ষম বন্দ রাজ সর্ব প্রক তীর্থ শক্তি আয়োজন ম্ন জ্যো পরিক্ষা দিশা বর্ণ মানুষ চিত্র ক্ষেত্রে পক্ষ যুক্ত ছাত্র দেশ সমস্ত দক্ষিণ ব্যবস্থা কর্ম ক্ষম বন্দ রাজ সর্ব প্রক তীর্থ শক্তি আয়োজন ম্ন জ্যো পরিক্ষা দিশা বর্ণ মানুষ চিত্র ক্ষেত্রে পক্ষ যুক্ত ছাত্র দেশ সমস্ত দক্ষিণ ব্যবস্থা কর্ম ক্ষম বন্দ রাজ সর্ব প্রক তীর্থ শক্তি আয়োজন ম্ন জ্যো পরিক্ষা দিশা বর্ণ মানুষ চিত্র ক্ষেত্রে পক্ষ যুক্ত ছাত্র দেশ সমস্ত দক্ষিণ ব্যবস্থা কর্ম
আন্তুর্কবাত এগিয়ে নারীরা
ক্ষম বন্দ রাজ সর্ব প্রক তীর্থ শক্তি আয়োজন ম্ন জ্যো পরিক্ষা দিশা বর্ণ মানুষ চিত্র ক্ষেত্রে পক্ষ যুক্ত ছাত্র দেশ সমস্ত দক্ষিণ ব্যবস্থা কর্ম ক্ষম বন্দ রাজ সর্ব প্রক তীর্থ শক্তি আয়োজন ম্ন জ্যো পরিক্ষা দিশা বর্ণ মানুষ চিত্র ক্ষেত্রে পক্ষ যুক্ত ছাত্র দেশ সমস্ত দক্ষিণ ব্যবস্থা কর্ম ক্ষম বন্দ রাজ সর্ব প্রক তীর্থ শক্তি আয়োজন ম্ন জ্যো পরিক্ষা দিশা বর্ণ মানুষ চিত্র ক্ষেত্রে পক্ষ যুক্ত ছাত্র দেশ সমস্ত দক্ষিণ ব্যবস্থা কর্ম ক্ষম বন্দ রাজ সর্ব প্রক তীর্থ শক্তি আয়োজন ম্ন জ্যো পরিক্ষা দিশা বর্ণ মানুষ চিত্র ক্ষেত্রে পক্ষ যুক্ত ছাত্র দেশ সমস্ত দক্ষিণ ব্যবস্থা কর্ম ক্ষম বন্দ রাজ সর্ব প্রক তীর্থ শক্তি আয়োজন ম্ন জ্যো পরিক্ষা দিশা বর্ণ মানুষ চিত্র ক্ষেত্রে পক্ষ যুক্ত ছাত্র দেশ সমস্ত দক্ষিণ ব্যবস্থা কর্ম ক্ষম বন্দ রাজ সর্ব প্রক তীর্থ শক্তি আয়োজন ম্ন জ্যো পরিক্ষা দিশা বর্ণ মানুষ চিত্র ক্ষেত্রে পক্ষ যুক্ত ছাত্র দেশ সমস্ত দক্ষিণ ব্যবস্থা কর্ম ক্ষম বন্দ রাজ সর্ব প্রক তীর্থ শক্তি আয়োজন ম্ন জ্যো পরিক্ষা দিশা বর্ণ মানুষ চিত্র ক্ষেত্রে পক্ষ যুক্ত ছাত্র দেশ সমস্ত দক্ষিণ ব্যবস্থা কর্ম ক্ষম বন্দ রাজ সর্ব প্রক তীর্থ শক্তি আয়োজন ম্ন জ্যো পরিক্ষা দিশা বর্ণ মানুষ চিত্র ক্ষেত্রে পক্ষ যুক্ত ছাত্র দেশ সমস্ত দক্ষিণ ব্যবস্থা কর্ম ক্ষম বন্দ রাজ সর্ব প্রক তীর্থ শক্তি আয়োজন ম্ন জ্যো পরিক্ষা দিশা বর্ণ মানুষ চিত্র ক্ষেত্রে পক্ষ যুক্ত ছাত্র দেশ সমস্ত দক্ষিণ ব্যবস্থা কর্ম ক্ষম বন্দ রাজ সর্ব প্রক তীর্থ শক্তি আয়োজন ম্ন জ্যো পরিক্ষা দিশা বর্ণ মানুষ চিত্র ক্ষেত্রে পক্ষ যুক্ত ছাত্র দেশ সমস্ত দক্ষিণ ব্যবস্থা কর্ম ক্ষম বন্দ রাজ সর্ব প্রক তীর্থ শক্তি আয়োজন ম্ন জ্যো পরিক্ষা দিশা বর্ণ মানুষ চিত্র ক্ষেত্রে পক্ষ যুক্ত ছাত্র দেশ সমস্ত দক্ষিণ ব্যবস্থা কর্ম ক্ষম বন্দ রাজ সর্ব প্রক তীর্থ শক্তি আয়োজন ম্ন জ্যো পরিক্ষা দিশা বর্ণ মানুষ চিত্র ক্ষেত্রে পক্ষ যুক্ত ছাত্র দেশ সমস্ত দক্ষিণ ব্যবস্থা কর্ম ক্ষম বন্দ রাজ সর্ব প্রক তীর্থ শক্তি আয়োজন ম্ন জ্যো পরিক্ষা দিশা বর্ণ মানুষ চিত্র ক্ষেত্রে পক্ষ যুক্ত ছাত্র দেশ সমস্ত দক্ষিণ ব্যবস্থা কর্ম ক্ষম বন্দ রাজ সর্ব প্রক তীর্থ শক্তি আয়োজন ম্ন জ্যো পরিক্ষা দিশা বর্ণ মানুষ চিত্র ক্ষেত্রে পক্ষ যুক্ত ছাত্র দেশ সমস্ত দক্ষিণ ব্যবস্থা কর্ম
শুরুর ফ্যামাশ
ক্ষম বন্দ রাজ সর্ব প্রক তীর্থ শক্তি আয়োজন ম্ন জ্যো পরিক্ষা দিশা বর্ণ মানুষ চিত্র ক্ষেত্রে পক্ষ যুক্ত ছাত্র দেশ সমস্ত দক্ষিণ ব্যবস্থা কর্ম ক্ষম বন্দ রাজ সর্ব প্রক তীর্থ শক্তি আয়োজন ম্ন জ্যো পরিক্ষা দিশা বর্ণ মানুষ চিত্র ক্ষেত্রে পক্ষ যুক্ত ছাত্র দেশ সমস্ত দক্ষিণ ব্যবস্থা কর্ম ক্ষম বন্দ রাজ সর্ব প্রক তীর্থ শক্তি আয়োজন ম্ন জ্যো পরিক্ষা দিশা বর্ণ মানুষ চিত্র ক্ষেত্রে পক্ষ যুক্ত ছাত্র দেশ সমস্ত দক্ষিণ ব্যবস্থা কর্ম ক্ষম বন্দ রাজ সর্ব প্রক তীর্থ শক্তি আয়োজন ম্ন জ্যো পরিক্ষা দিশা বর্ণ মানুষ চিত্র ক্ষেত্রে পক্ষ যুক্ত ছাত্র দেশ সমস্ত দক্ষিণ ব্যবস্থা কর্ম ক্ষম বন্দ রাজ সর্ব প্রক তীর্থ শক্তি আয়োজন ম্ন জ্যো পরিক্ষা দিশা বর্ণ মানুষ চিত্র ক্ষেত্রে পক্ষ যুক্ত ছাত্র দেশ সমস্ত দক্ষিণ ব্যবস্থা কর্ম ক্ষম বন্দ রাজ সর্ব প্রক তীর্থ শক্তি আয়োজন ম্ন জ্যো পরিক্ষা দিশা বর্ণ মানুষ চিত্র ক্ষেত্রে পক্ষ যুক্ত ছাত্র দেশ সমস্ত দক্ষিণ ব্যবস্থা কর্ম ক্ষম বন্দ রাজ সর্ব প্রক তীর্থ শক্তি আয়োজন ম্ন জ্যো পরিক্ষা দিশা বর্ণ মানুষ চিত্র ক্ষেত্রে পক্ষ যুক্ত ছাত্র দেশ সমস্ত দক্ষিণ ব্যবস্থা কর্ম ক্ষম বন্দ রাজ সর্ব প্রক তীর্থ শক্তি আয়োজন ম্ন জ্যো পরিক্ষা দিশা বর্ণ মানুষ চিত্র ক্ষেত্রে পক্ষ যুক্ত ছাত্র দেশ সমস্ত দক্ষিণ ব্যবস্থা কর্ম ক্ষম বন্দ রাজ সর্ব প্রক তীর্থ শক্তি আয়োজন ম্ন জ্যো পরিক্ষা দিশা বর্ণ মানুষ চিত্র ক্ষেত্রে পক্ষ যুক্ত ছাত্র দেশ সমস্ত দক্ষিণ ব্যবস্থা কর্ম ক্ষম বন্দ রাজ সর্ব প্রক তীর্থ শক্তি আয়োজন ম্ন জ্যো পরিক্ষা দিশা বর্ণ মানুষ চিত্র ক্ষেত্রে পক্ষ যুক্ত ছাত্র দেশ সমস্ত দক্ষিণ ব্যবস্থা কর্ম ক্ষম বন্দ রাজ সর্ব প্রক তীর্থ শক্তি আয়োজন ম্ন জ্যো পরিক্ষা দিশা বর্ণ মানুষ চিত্র ক্ষেত্রে পক্ষ যুক্ত ছাত্র দেশ সমস্ত দক্ষিণ ব্যবস্থা কর্ম ক্ষম বন্দ রাজ সর্ব প্রক তীর্থ শক্তি আয়োজন ম্ন জ্যো পরিক্ষা দিশা বর্ণ মানুষ চিত্র ক্ষেত্রে পক্ষ যুক্ত ছাত্র দেশ সমস্ত দক্ষিণ ব্যবস্থা কর্ম ক্ষম বন্দ রাজ সর্ব প্রক তীর্থ শক্তি আয়োজন ম্ন জ্যো পরিক্ষা দিশা বর্ণ মানুষ চিত্র ক্ষেত্রে পক্ষ যুক্ত ছাত্র দেশ সমস্ত দক্ষিণ ব্যবস্থা কর্ম ক্ষম বন্দ রাজ সর্ব প্রক তীর্থ শক্তি আয়োজন ম্ন জ্যো পরিক্ষা দিশা বর্ণ মানুষ চিত্র ক্ষেত্রে পক্ষ যুক্ত ছাত্র দেশ সমস্ত দক্ষিণ ব্যবস্থা কর্ম
পবিত্র হজের
ক্ষম বন্দ রাজ সর্ব প্রক তীর্থ শক্তি আয়োজন ম্ন জ্যো পরিক্ষা দিশা বর্ণ মানুষ চিত্র ক্ষেত্রে পক্ষ যুক্ত ছাত্র দেশ সমস্ত দক্ষিণ ব্যবস্থা কর্ম ক্ষম বন্দ রাজ সর্ব প্রক তীর্থ শক্তি আয়োজন ম্ন জ্যো পরিক্ষা দিশা বর্ণ মানুষ চিত্র ক্ষেত্রে পক্ষ যুক্ত ছাত্র দেশ সমস্ত দক্ষিণ ব্যবস্থা কর্ম ক্ষম বন্দ রাজ সর্ব প্রক তীর্থ শক্তি আয়োজন ম্ন জ্যো পরিক্ষা দিশা বর্ণ মানুষ চিত্র ক্ষেত্রে পক্ষ যুক্ত ছাত্র দেশ সমস্ত দক্ষিণ ব্যবস্থা কর্ম ক্ষম বন্দ রাজ সর্ব প্রক তীর্থ শক্তি আয়োজন ম্ন জ্যো পরিক্ষা দিশা বর্ণ মানুষ চিত্র ক্ষেত্রে পক্ষ যুক্ত ছাত্র দেশ সমস্ত দক্ষিণ ব্যবস্থা কর্ম ক্ষম বন্দ রাজ সর্ব প্রক তীর্থ শক্তি আয়োজন ম্ন জ্যো পরিক্ষা দিশা বর্ণ মানুষ চিত্র ক্ষেত্রে পক্ষ যুক্ত ছাত্র দেশ সমস্ত দক্ষিণ ব্যবস্থা কর্ম ক্ষম বন্দ রাজ সর্ব প্রক তীর্থ শক্তি আয়োজন ম্ন জ্যো পরিক্ষা দিশা বর্ণ মানুষ চিত্র ক্ষেত্রে পক্ষ যুক্ত ছাত্র দেশ সমস্ত দক্ষিণ ব্যবস্থা কর্ম ক্ষম বন্দ রাজ সর্ব প্রক তীর্থ শক্তি আয়োজন ম্ন জ্যো পরিক্ষা দিশা বর্ণ মানুষ চিত্র ক্ষেত্রে পক্ষ যুক্ত ছাত্র দেশ সমস্ত দক্ষিণ ব্যবস্থা কর্ম ক্ষম বন্দ রাজ সর্ব প্রক তীর্থ শক্তি আয়োজন ম্ন জ্যো পরিক্ষা দিশা বর্ণ মানুষ চিত্র ক্ষেত্রে পক্ষ যুক্ত ছাত্র দেশ সমস্ত দক্ষিণ ব্যবস্থা কর্ম ক্ষম বন্দ রাজ সর্ব প্রক তীর্থ শক্তি আয়োজন ম্ন জ্যো পরিক্ষা দিশা বর্ণ মানুষ চিত্র ক্ষেত্রে পক্ষ যুক্ত ছাত্র দেশ সমস্ত দক্ষিণ ব্যবস্থা কর্ম ক্ষম বন্দ রাজ সর্ব প্রক তীর্থ শক্তি আয়োজন ম্ন জ্যো পরিক্ষা দিশা বর্ণ মানুষ চিত্র ক্ষেত্রে পক্ষ যুক্ত ছাত্র দেশ সমস্ত দক্ষিণ ব্যবস্থা কর্ম ক্ষম বন্দ রাজ সর্ব প্রক তীর্থ শক্তি আয়োজন ম্ন জ্যো পরিক্ষা দিশা বর্ণ মানুষ চিত্র ক্ষেত্রে পক্ষ যুক্ত ছাত্র দেশ সমস্ত দক্ষিণ ব্যবস্থা কর্ম ক্ষম বন্দ রাজ সর্ব প্রক তীর্থ শক্তি আয়োজন ম্ন জ্যো পরিক্ষা দিশা বর্ণ মানুষ চিত্র ক্ষেত্রে পক্ষ যুক্ত ছাত্র দেশ সমস্ত দক্ষিণ ব্যবস্থা কর্ম ক্ষম বন্দ রাজ সর্ব প্রক তীর্থ শক্তি আয়োজন ম্ন জ্যো পরিক্ষা দিশা বর্ণ মানুষ চিত্র ক্ষেত্রে পক্ষ যুক্ত ছাত্র দেশ সমস্ত দক্ষিণ ব্যবস্থা কর্ম ক্ষম বন্দ রাজ সর্ব প্রক তীর্থ শক্তি আয়োজন ম্ন জ্যো পরিক্ষা দিশা বর্ণ মানুষ চিত্র ক্ষেত্রে পক্ষ যুক্ত ছাত্র দেশ সমস্ত দক্ষিণ ব্যবস্থা কর্ম
SSC
মডেল টেস্ট ২০১৭
বিশেষ ছাড়ে ভর্তি চলছে...
১০টি সেট পরীক্ষা
১০টি Solve Sheet
১০টি BEST PAPERS ও
উদ্ভাস
Auto SMS-এ রেজাল্ট
পরীক্ষা শুরু: ২ নভেম্বর, ২০১৬
